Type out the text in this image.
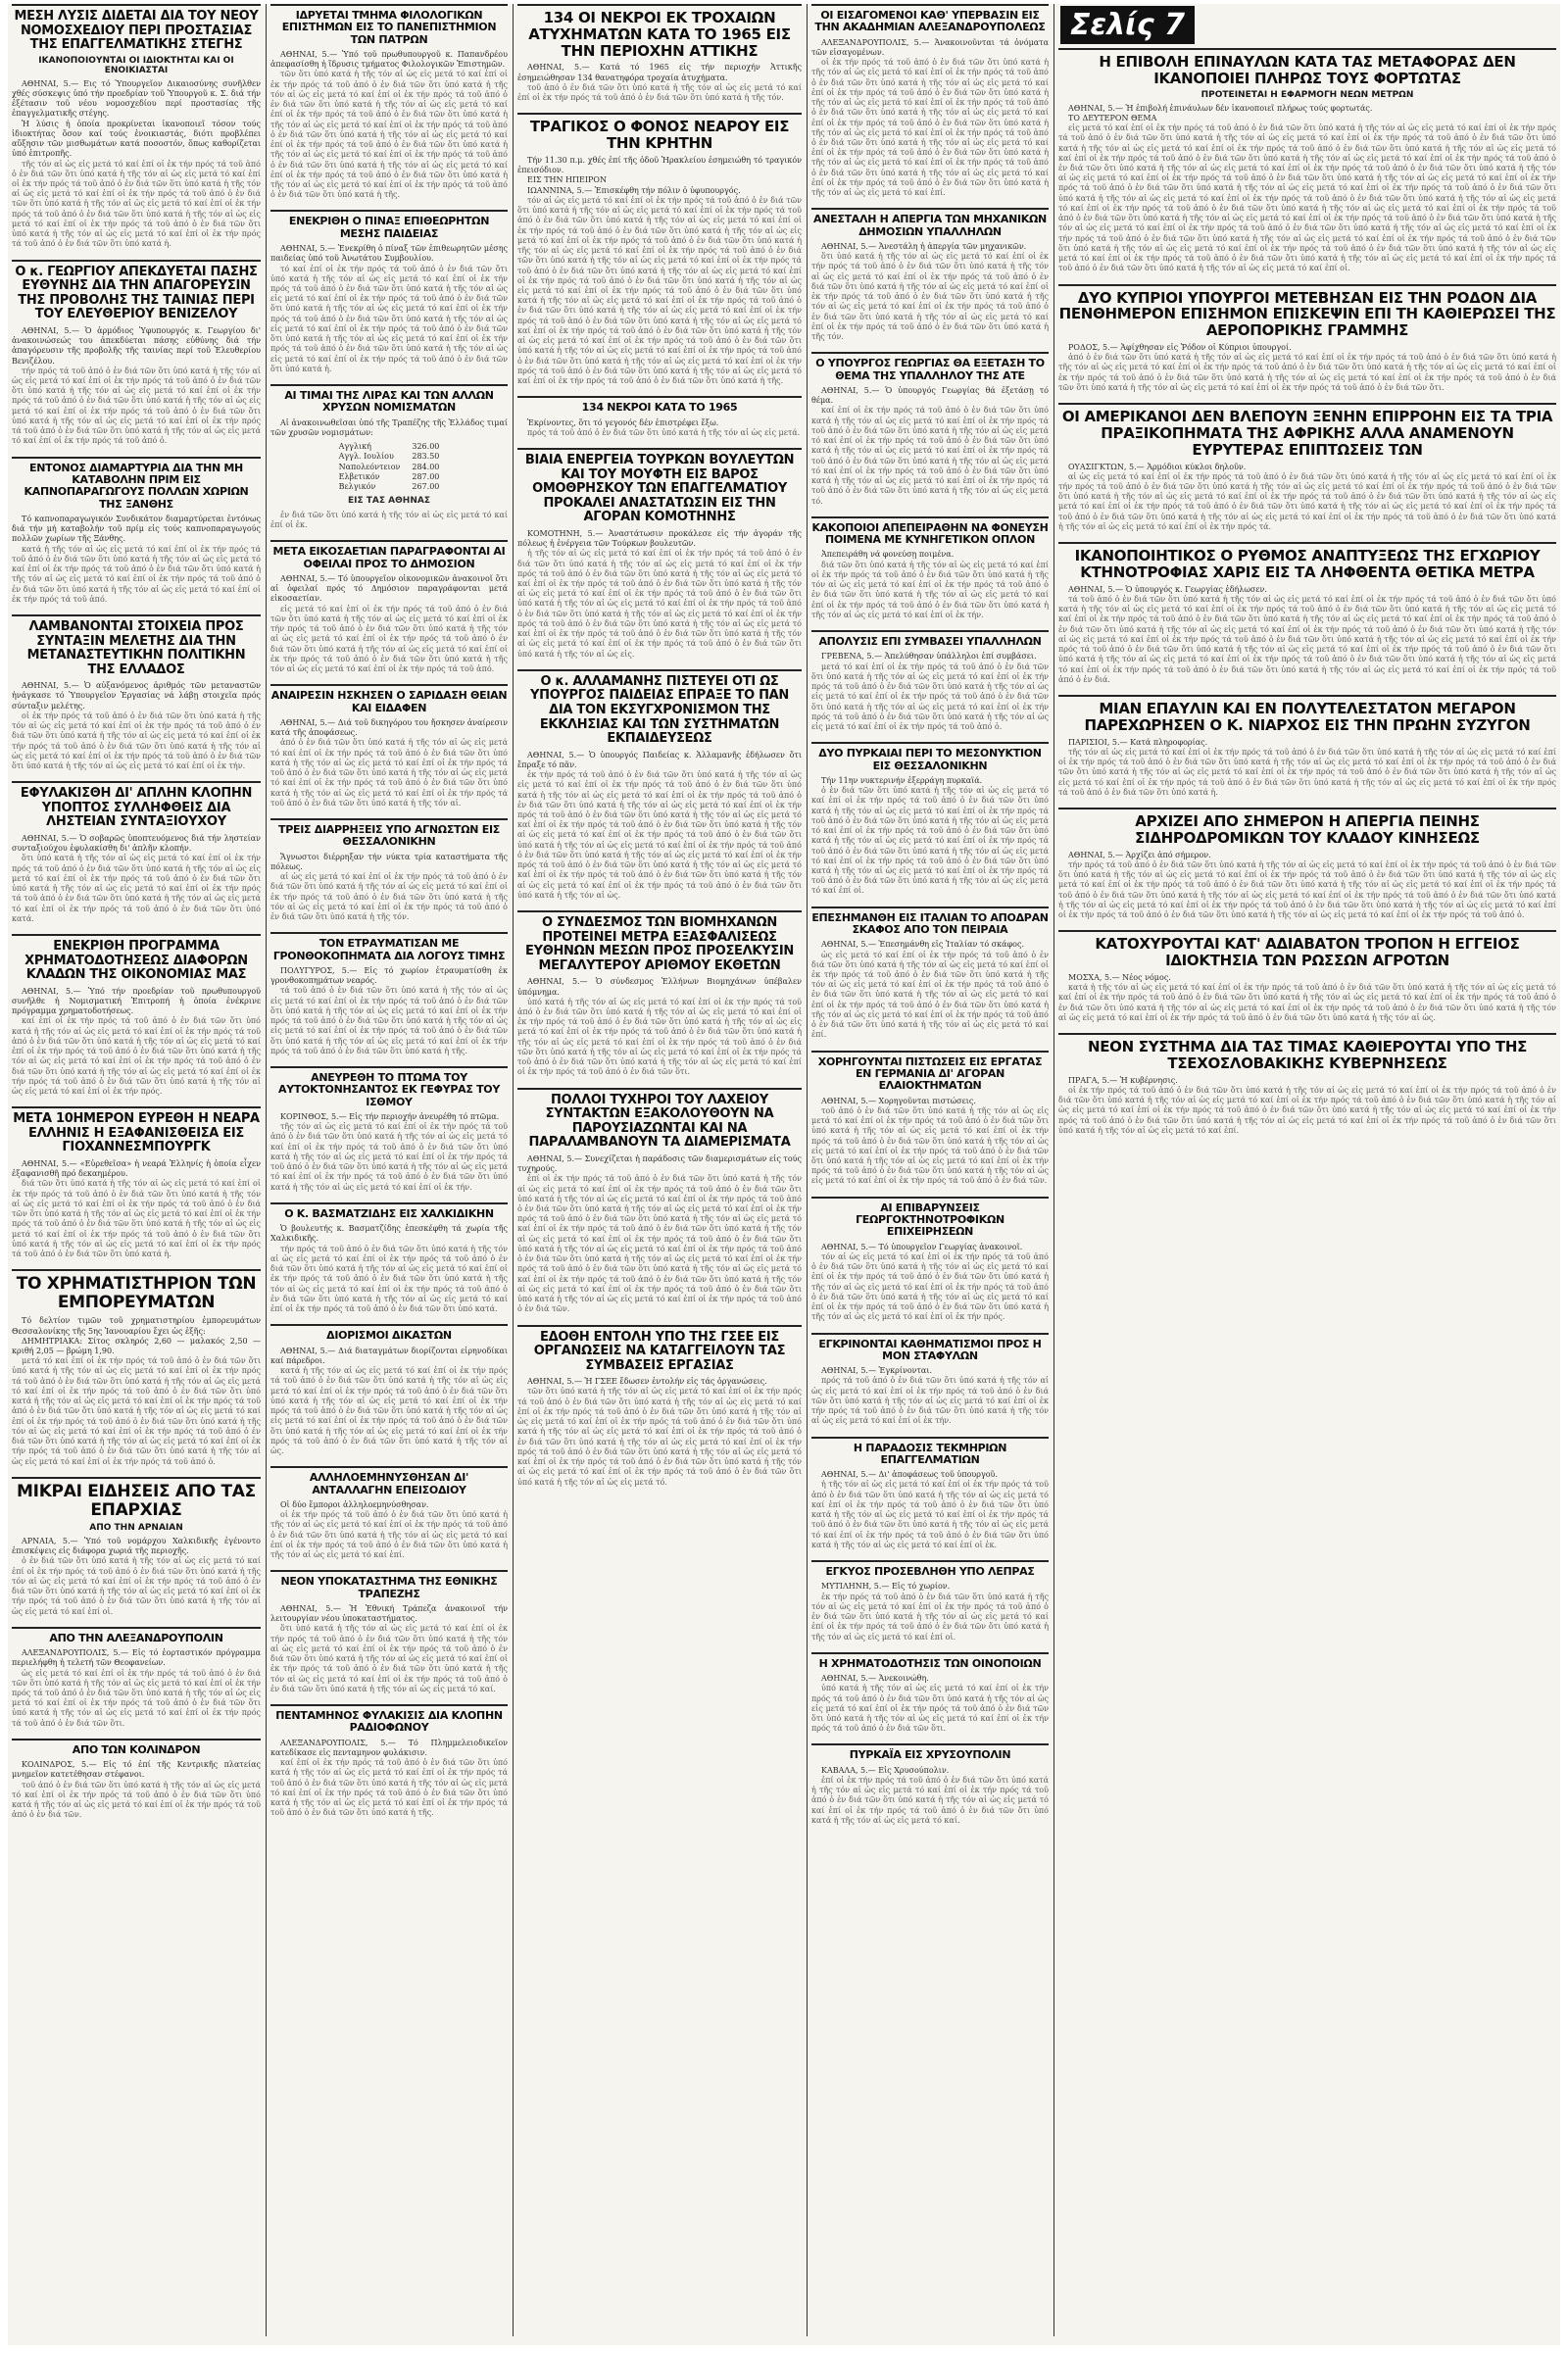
ΜΕΣΗ ΛΥΣΙΣ ΔΙΔΕΤΑΙ ΔΙΑ ΤΟΥ ΝΕΟΥ ΝΟΜΟΣΧΕΔΙΟΥ ΠΕΡΙ ΠΡΟΣΤΑΣΙΑΣ ΤΗΣ ΕΠΑΓΓΕΛΜΑΤΙΚΗΣ ΣΤΕΓΗΣ
ΙΚΑΝΟΠΟΙΟΥΝΤΑΙ ΟΙ ΙΔΙΟΚΤΗΤΑΙ ΚΑΙ ΟΙ ΕΝΟΙΚΙΑΣΤΑΙ

ΑΘΗΝΑΙ, 5.— Εις τό Ὑπουργεῖον Δικαιοσύνης συνῆλθεν χθές σύσκεψις ὑπό τήν προεδρίαν τοῦ Ὑπουργοῦ κ. Σ. διά τήν ἐξέτασιν τοῦ νέου νομοσχεδίου περί προστασίας τῆς ἐπαγγελματικῆς στέγης.

Ἡ λύσις ἡ ὁποία προκρίνεται ἱκανοποιεῖ τόσον τούς ἰδιοκτήτας ὅσον καί τούς ἐνοικιαστάς, διότι προβλέπει αὔξησιν τῶν μισθωμάτων κατά ποσοστόν, ὅπως καθορίζεται ὑπό ἐπιτροπῆς.

τῆς τόν αἱ ὡς εἰς μετά τό καί ἐπί οἱ ἐκ τήν πρός τά τοῦ ἀπό ὁ ἐν διά τῶν ὅτι ὑπό κατά ἡ τῆς τόν αἱ ὡς εἰς μετά τό καί ἐπί οἱ ἐκ τήν πρός τά τοῦ ἀπό ὁ ἐν διά τῶν ὅτι ὑπό κατά ἡ τῆς τόν αἱ ὡς εἰς μετά τό καί ἐπί οἱ ἐκ τήν πρός τά τοῦ ἀπό ὁ ἐν διά τῶν ὅτι ὑπό κατά ἡ τῆς τόν αἱ ὡς εἰς μετά τό καί ἐπί οἱ ἐκ τήν πρός τά τοῦ ἀπό ὁ ἐν διά τῶν ὅτι ὑπό κατά ἡ τῆς τόν αἱ ὡς εἰς μετά τό καί ἐπί οἱ ἐκ τήν πρός τά τοῦ ἀπό ὁ ἐν διά τῶν ὅτι ὑπό κατά ἡ τῆς τόν αἱ ὡς εἰς μετά τό καί ἐπί οἱ ἐκ τήν πρός τά τοῦ ἀπό ὁ ἐν διά τῶν ὅτι ὑπό κατά ἡ.

Ο κ. ΓΕΩΡΓΙΟΥ ΑΠΕΚΔΥΕΤΑΙ ΠΑΣΗΣ ΕΥΘΥΝΗΣ ΔΙΑ ΤΗΝ ΑΠΑΓΟΡΕΥΣΙΝ ΤΗΣ ΠΡΟΒΟΛΗΣ ΤΗΣ ΤΑΙΝΙΑΣ ΠΕΡΙ ΤΟΥ ΕΛΕΥΘΕΡΙΟΥ ΒΕΝΙΖΕΛΟΥ

ΑΘΗΝΑΙ, 5.— Ὁ ἀρμόδιος Ὑφυπουργός κ. Γεωργίου δι' ἀνακοινώσεώς του ἀπεκδύεται πάσης εὐθύνης διά τήν ἀπαγόρευσιν τῆς προβολῆς τῆς ταινίας περί τοῦ Ἐλευθερίου Βενιζέλου.

τήν πρός τά τοῦ ἀπό ὁ ἐν διά τῶν ὅτι ὑπό κατά ἡ τῆς τόν αἱ ὡς εἰς μετά τό καί ἐπί οἱ ἐκ τήν πρός τά τοῦ ἀπό ὁ ἐν διά τῶν ὅτι ὑπό κατά ἡ τῆς τόν αἱ ὡς εἰς μετά τό καί ἐπί οἱ ἐκ τήν πρός τά τοῦ ἀπό ὁ ἐν διά τῶν ὅτι ὑπό κατά ἡ τῆς τόν αἱ ὡς εἰς μετά τό καί ἐπί οἱ ἐκ τήν πρός τά τοῦ ἀπό ὁ ἐν διά τῶν ὅτι ὑπό κατά ἡ τῆς τόν αἱ ὡς εἰς μετά τό καί ἐπί οἱ ἐκ τήν πρός τά τοῦ ἀπό ὁ ἐν διά τῶν ὅτι ὑπό κατά ἡ τῆς τόν αἱ ὡς εἰς μετά τό καί ἐπί οἱ ἐκ τήν πρός τά τοῦ ἀπό ὁ.

ΕΝΤΟΝΟΣ ΔΙΑΜΑΡΤΥΡΙΑ ΔΙΑ ΤΗΝ ΜΗ ΚΑΤΑΒΟΛΗΝ ΠΡΙΜ ΕΙΣ ΚΑΠΝΟΠΑΡΑΓΩΓΟΥΣ ΠΟΛΛΩΝ ΧΩΡΙΩΝ ΤΗΣ ΞΑΝΘΗΣ

Τό καπνοπαραγωγικόν Συνδικάτον διαμαρτύρεται ἐντόνως διά τήν μή καταβολήν τοῦ πρίμ εἰς τούς καπνοπαραγωγούς πολλῶν χωρίων τῆς Ξάνθης.

κατά ἡ τῆς τόν αἱ ὡς εἰς μετά τό καί ἐπί οἱ ἐκ τήν πρός τά τοῦ ἀπό ὁ ἐν διά τῶν ὅτι ὑπό κατά ἡ τῆς τόν αἱ ὡς εἰς μετά τό καί ἐπί οἱ ἐκ τήν πρός τά τοῦ ἀπό ὁ ἐν διά τῶν ὅτι ὑπό κατά ἡ τῆς τόν αἱ ὡς εἰς μετά τό καί ἐπί οἱ ἐκ τήν πρός τά τοῦ ἀπό ὁ ἐν διά τῶν ὅτι ὑπό κατά ἡ τῆς τόν αἱ ὡς εἰς μετά τό καί ἐπί οἱ ἐκ τήν πρός τά τοῦ ἀπό.

ΛΑΜΒΑΝΟΝΤΑΙ ΣΤΟΙΧΕΙΑ ΠΡΟΣ ΣΥΝΤΑΞΙΝ ΜΕΛΕΤΗΣ ΔΙΑ ΤΗΝ ΜΕΤΑΝΑΣΤΕΥΤΙΚΗΝ ΠΟΛΙΤΙΚΗΝ ΤΗΣ ΕΛΛΑΔΟΣ

ΑΘΗΝΑΙ, 5.— Ὁ αὐξανόμενος ἀριθμός τῶν μεταναστῶν ἠνάγκασε τό Ὑπουργεῖον Ἐργασίας νά λάβῃ στοιχεῖα πρός σύνταξιν μελέτης.

οἱ ἐκ τήν πρός τά τοῦ ἀπό ὁ ἐν διά τῶν ὅτι ὑπό κατά ἡ τῆς τόν αἱ ὡς εἰς μετά τό καί ἐπί οἱ ἐκ τήν πρός τά τοῦ ἀπό ὁ ἐν διά τῶν ὅτι ὑπό κατά ἡ τῆς τόν αἱ ὡς εἰς μετά τό καί ἐπί οἱ ἐκ τήν πρός τά τοῦ ἀπό ὁ ἐν διά τῶν ὅτι ὑπό κατά ἡ τῆς τόν αἱ ὡς εἰς μετά τό καί ἐπί οἱ ἐκ τήν πρός τά τοῦ ἀπό ὁ ἐν διά τῶν ὅτι ὑπό κατά ἡ τῆς τόν αἱ ὡς εἰς μετά τό καί ἐπί οἱ ἐκ τήν.

ΕΦΥΛΑΚΙΣΘΗ ΔΙ' ΑΠΛΗΝ ΚΛΟΠΗΝ ΥΠΟΠΤΟΣ ΣΥΛΛΗΦΘΕΙΣ ΔΙΑ ΛΗΣΤΕΙΑΝ ΣΥΝΤΑΞΙΟΥΧΟΥ

ΑΘΗΝΑΙ, 5.— Ὁ σοβαρῶς ὑποπτευόμενος διά τήν ληστείαν συνταξιούχου ἐφυλακίσθη δι' ἁπλῆν κλοπήν.

ὅτι ὑπό κατά ἡ τῆς τόν αἱ ὡς εἰς μετά τό καί ἐπί οἱ ἐκ τήν πρός τά τοῦ ἀπό ὁ ἐν διά τῶν ὅτι ὑπό κατά ἡ τῆς τόν αἱ ὡς εἰς μετά τό καί ἐπί οἱ ἐκ τήν πρός τά τοῦ ἀπό ὁ ἐν διά τῶν ὅτι ὑπό κατά ἡ τῆς τόν αἱ ὡς εἰς μετά τό καί ἐπί οἱ ἐκ τήν πρός τά τοῦ ἀπό ὁ ἐν διά τῶν ὅτι ὑπό κατά ἡ τῆς τόν αἱ ὡς εἰς μετά τό καί ἐπί οἱ ἐκ τήν πρός τά τοῦ ἀπό ὁ ἐν διά τῶν ὅτι ὑπό κατά.

ΕΝΕΚΡΙΘΗ ΠΡΟΓΡΑΜΜΑ ΧΡΗΜΑΤΟΔΟΤΗΣΕΩΣ ΔΙΑΦΟΡΩΝ ΚΛΑΔΩΝ ΤΗΣ ΟΙΚΟΝΟΜΙΑΣ ΜΑΣ

ΑΘΗΝΑΙ, 5.— Ὑπό τήν προεδρίαν τοῦ πρωθυπουργοῦ συνῆλθε ἡ Νομισματική Ἐπιτροπή ἡ ὁποία ἐνέκρινε πρόγραμμα χρηματοδοτήσεως.

καί ἐπί οἱ ἐκ τήν πρός τά τοῦ ἀπό ὁ ἐν διά τῶν ὅτι ὑπό κατά ἡ τῆς τόν αἱ ὡς εἰς μετά τό καί ἐπί οἱ ἐκ τήν πρός τά τοῦ ἀπό ὁ ἐν διά τῶν ὅτι ὑπό κατά ἡ τῆς τόν αἱ ὡς εἰς μετά τό καί ἐπί οἱ ἐκ τήν πρός τά τοῦ ἀπό ὁ ἐν διά τῶν ὅτι ὑπό κατά ἡ τῆς τόν αἱ ὡς εἰς μετά τό καί ἐπί οἱ ἐκ τήν πρός τά τοῦ ἀπό ὁ ἐν διά τῶν ὅτι ὑπό κατά ἡ τῆς τόν αἱ ὡς εἰς μετά τό καί ἐπί οἱ ἐκ τήν πρός τά τοῦ ἀπό ὁ ἐν διά τῶν ὅτι ὑπό κατά ἡ τῆς τόν αἱ ὡς εἰς μετά τό καί ἐπί οἱ ἐκ τήν πρός.

ΜΕΤΑ 10ΗΜΕΡΟΝ ΕΥΡΕΘΗ Η ΝΕΑΡΑ ΕΛΛΗΝΙΣ Η ΕΞΑΦΑΝΙΣΘΕΙΣΑ ΕΙΣ ΓΙΟΧΑΝΝΕΣΜΠΟΥΡΓΚ

ΑΘΗΝΑΙ, 5.— «Εὑρεθεῖσα» ἡ νεαρά Ἑλληνίς ἡ ὁποία εἶχεν ἐξαφανισθῆ πρό δεκαημέρου.

διά τῶν ὅτι ὑπό κατά ἡ τῆς τόν αἱ ὡς εἰς μετά τό καί ἐπί οἱ ἐκ τήν πρός τά τοῦ ἀπό ὁ ἐν διά τῶν ὅτι ὑπό κατά ἡ τῆς τόν αἱ ὡς εἰς μετά τό καί ἐπί οἱ ἐκ τήν πρός τά τοῦ ἀπό ὁ ἐν διά τῶν ὅτι ὑπό κατά ἡ τῆς τόν αἱ ὡς εἰς μετά τό καί ἐπί οἱ ἐκ τήν πρός τά τοῦ ἀπό ὁ ἐν διά τῶν ὅτι ὑπό κατά ἡ τῆς τόν αἱ ὡς εἰς μετά τό καί ἐπί οἱ ἐκ τήν πρός τά τοῦ ἀπό ὁ ἐν διά τῶν ὅτι ὑπό κατά ἡ τῆς τόν αἱ ὡς εἰς μετά τό καί ἐπί οἱ ἐκ τήν πρός τά τοῦ ἀπό ὁ ἐν διά τῶν ὅτι ὑπό κατά ἡ.

ΤΟ ΧΡΗΜΑΤΙΣΤΗΡΙΟΝ ΤΩΝ ΕΜΠΟΡΕΥΜΑΤΩΝ

Τό δελτίον τιμῶν τοῦ χρηματιστηρίου ἐμπορευμάτων Θεσσαλονίκης τῆς 5ης Ἰανουαρίου ἔχει ὡς ἑξῆς:

ΔΗΜΗΤΡΙΑΚΑ: Σίτος σκληρός 2,60 — μαλακός 2,50 — κριθή 2,05 — βρώμη 1,90.

μετά τό καί ἐπί οἱ ἐκ τήν πρός τά τοῦ ἀπό ὁ ἐν διά τῶν ὅτι ὑπό κατά ἡ τῆς τόν αἱ ὡς εἰς μετά τό καί ἐπί οἱ ἐκ τήν πρός τά τοῦ ἀπό ὁ ἐν διά τῶν ὅτι ὑπό κατά ἡ τῆς τόν αἱ ὡς εἰς μετά τό καί ἐπί οἱ ἐκ τήν πρός τά τοῦ ἀπό ὁ ἐν διά τῶν ὅτι ὑπό κατά ἡ τῆς τόν αἱ ὡς εἰς μετά τό καί ἐπί οἱ ἐκ τήν πρός τά τοῦ ἀπό ὁ ἐν διά τῶν ὅτι ὑπό κατά ἡ τῆς τόν αἱ ὡς εἰς μετά τό καί ἐπί οἱ ἐκ τήν πρός τά τοῦ ἀπό ὁ ἐν διά τῶν ὅτι ὑπό κατά ἡ τῆς τόν αἱ ὡς εἰς μετά τό καί ἐπί οἱ ἐκ τήν πρός τά τοῦ ἀπό ὁ ἐν διά τῶν ὅτι ὑπό κατά ἡ τῆς τόν αἱ ὡς εἰς μετά τό καί ἐπί οἱ ἐκ τήν πρός τά τοῦ ἀπό ὁ ἐν διά τῶν ὅτι ὑπό κατά ἡ τῆς τόν αἱ ὡς εἰς μετά τό καί ἐπί οἱ ἐκ τήν πρός τά τοῦ ἀπό ὁ.

ΜΙΚΡΑΙ ΕΙΔΗΣΕΙΣ ΑΠΟ ΤΑΣ ΕΠΑΡΧΙΑΣ
ΑΠΟ ΤΗΝ ΑΡΝΑΙΑΝ

ΑΡΝΑΙΑ, 5.— Ὑπό τοῦ νομάρχου Χαλκιδικῆς ἐγένοντο ἐπισκέψεις εἰς διάφορα χωριά τῆς περιοχῆς.

ὁ ἐν διά τῶν ὅτι ὑπό κατά ἡ τῆς τόν αἱ ὡς εἰς μετά τό καί ἐπί οἱ ἐκ τήν πρός τά τοῦ ἀπό ὁ ἐν διά τῶν ὅτι ὑπό κατά ἡ τῆς τόν αἱ ὡς εἰς μετά τό καί ἐπί οἱ ἐκ τήν πρός τά τοῦ ἀπό ὁ ἐν διά τῶν ὅτι ὑπό κατά ἡ τῆς τόν αἱ ὡς εἰς μετά τό καί ἐπί οἱ ἐκ τήν πρός τά τοῦ ἀπό ὁ ἐν διά τῶν ὅτι ὑπό κατά ἡ τῆς τόν αἱ ὡς εἰς μετά τό καί ἐπί οἱ.

ΑΠΟ ΤΗΝ ΑΛΕΞΑΝΔΡΟΥΠΟΛΙΝ

ΑΛΕΞΑΝΔΡΟΥΠΟΛΙΣ, 5.— Εἰς τό ἑορταστικόν πρόγραμμα περιελήφθη ἡ τελετή τῶν Θεοφανείων.

ὡς εἰς μετά τό καί ἐπί οἱ ἐκ τήν πρός τά τοῦ ἀπό ὁ ἐν διά τῶν ὅτι ὑπό κατά ἡ τῆς τόν αἱ ὡς εἰς μετά τό καί ἐπί οἱ ἐκ τήν πρός τά τοῦ ἀπό ὁ ἐν διά τῶν ὅτι ὑπό κατά ἡ τῆς τόν αἱ ὡς εἰς μετά τό καί ἐπί οἱ ἐκ τήν πρός τά τοῦ ἀπό ὁ ἐν διά τῶν ὅτι ὑπό κατά ἡ τῆς τόν αἱ ὡς εἰς μετά τό καί ἐπί οἱ ἐκ τήν πρός τά τοῦ ἀπό ὁ ἐν διά τῶν ὅτι.

ΑΠΟ ΤΩΝ ΚΟΛΙΝΔΡΟΝ

ΚΟΛΙΝΔΡΟΣ, 5.— Εἰς τό ἐπί τῆς Κεντρικῆς πλατείας μνημεῖον κατετέθησαν στέφανοι.

τοῦ ἀπό ὁ ἐν διά τῶν ὅτι ὑπό κατά ἡ τῆς τόν αἱ ὡς εἰς μετά τό καί ἐπί οἱ ἐκ τήν πρός τά τοῦ ἀπό ὁ ἐν διά τῶν ὅτι ὑπό κατά ἡ τῆς τόν αἱ ὡς εἰς μετά τό καί ἐπί οἱ ἐκ τήν πρός τά τοῦ ἀπό ὁ ἐν διά τῶν.

ΙΔΡΥΕΤΑΙ ΤΜΗΜΑ ΦΙΛΟΛΟΓΙΚΩΝ ΕΠΙΣΤΗΜΩΝ ΕΙΣ ΤΟ ΠΑΝΕΠΙΣΤΗΜΙΟΝ ΤΩΝ ΠΑΤΡΩΝ

ΑΘΗΝΑΙ, 5.— Ὑπό τοῦ πρωθυπουργοῦ κ. Παπανδρέου ἀπεφασίσθη ἡ ἵδρυσις τμήματος Φιλολογικῶν Ἐπιστημῶν.

τῶν ὅτι ὑπό κατά ἡ τῆς τόν αἱ ὡς εἰς μετά τό καί ἐπί οἱ ἐκ τήν πρός τά τοῦ ἀπό ὁ ἐν διά τῶν ὅτι ὑπό κατά ἡ τῆς τόν αἱ ὡς εἰς μετά τό καί ἐπί οἱ ἐκ τήν πρός τά τοῦ ἀπό ὁ ἐν διά τῶν ὅτι ὑπό κατά ἡ τῆς τόν αἱ ὡς εἰς μετά τό καί ἐπί οἱ ἐκ τήν πρός τά τοῦ ἀπό ὁ ἐν διά τῶν ὅτι ὑπό κατά ἡ τῆς τόν αἱ ὡς εἰς μετά τό καί ἐπί οἱ ἐκ τήν πρός τά τοῦ ἀπό ὁ ἐν διά τῶν ὅτι ὑπό κατά ἡ τῆς τόν αἱ ὡς εἰς μετά τό καί ἐπί οἱ ἐκ τήν πρός τά τοῦ ἀπό ὁ ἐν διά τῶν ὅτι ὑπό κατά ἡ τῆς τόν αἱ ὡς εἰς μετά τό καί ἐπί οἱ ἐκ τήν πρός τά τοῦ ἀπό ὁ ἐν διά τῶν ὅτι ὑπό κατά ἡ τῆς τόν αἱ ὡς εἰς μετά τό καί ἐπί οἱ ἐκ τήν πρός τά τοῦ ἀπό ὁ ἐν διά τῶν ὅτι ὑπό κατά ἡ τῆς τόν αἱ ὡς εἰς μετά τό καί ἐπί οἱ ἐκ τήν πρός τά τοῦ ἀπό ὁ ἐν διά τῶν ὅτι ὑπό κατά ἡ τῆς.

ΕΝΕΚΡΙΘΗ Ο ΠΙΝΑΞ ΕΠΙΘΕΩΡΗΤΩΝ ΜΕΣΗΣ ΠΑΙΔΕΙΑΣ

ΑΘΗΝΑΙ, 5.— Ἐνεκρίθη ὁ πίναξ τῶν ἐπιθεωρητῶν μέσης παιδείας ὑπό τοῦ Ἀνωτάτου Συμβουλίου.

τό καί ἐπί οἱ ἐκ τήν πρός τά τοῦ ἀπό ὁ ἐν διά τῶν ὅτι ὑπό κατά ἡ τῆς τόν αἱ ὡς εἰς μετά τό καί ἐπί οἱ ἐκ τήν πρός τά τοῦ ἀπό ὁ ἐν διά τῶν ὅτι ὑπό κατά ἡ τῆς τόν αἱ ὡς εἰς μετά τό καί ἐπί οἱ ἐκ τήν πρός τά τοῦ ἀπό ὁ ἐν διά τῶν ὅτι ὑπό κατά ἡ τῆς τόν αἱ ὡς εἰς μετά τό καί ἐπί οἱ ἐκ τήν πρός τά τοῦ ἀπό ὁ ἐν διά τῶν ὅτι ὑπό κατά ἡ τῆς τόν αἱ ὡς εἰς μετά τό καί ἐπί οἱ ἐκ τήν πρός τά τοῦ ἀπό ὁ ἐν διά τῶν ὅτι ὑπό κατά ἡ τῆς τόν αἱ ὡς εἰς μετά τό καί ἐπί οἱ ἐκ τήν πρός τά τοῦ ἀπό ὁ ἐν διά τῶν ὅτι ὑπό κατά ἡ τῆς τόν αἱ ὡς εἰς μετά τό καί ἐπί οἱ ἐκ τήν πρός τά τοῦ ἀπό ὁ ἐν διά τῶν ὅτι ὑπό κατά ἡ.

ΑΙ ΤΙΜΑΙ ΤΗΣ ΛΙΡΑΣ ΚΑΙ ΤΩΝ ΑΛΛΩΝ ΧΡΥΣΩΝ ΝΟΜΙΣΜΑΤΩΝ

Αἱ ἀνακοινωθεῖσαι ὑπό τῆς Τραπέζης τῆς Ἑλλάδος τιμαί τῶν χρυσῶν νομισμάτων:

Αγγλική	326.00
Αγγλ. Ιουλίου	283.50
Ναπολεόντειον	284.00
Ελβετικόν	287.00
Βελγικόν	267.00
ΕΙΣ ΤΑΣ ΑΘΗΝΑΣ

ἐν διά τῶν ὅτι ὑπό κατά ἡ τῆς τόν αἱ ὡς εἰς μετά τό καί ἐπί οἱ ἐκ.

ΜΕΤΑ ΕΙΚΟΣΑΕΤΙΑΝ ΠΑΡΑΓΡΑΦΟΝΤΑΙ ΑΙ ΟΦΕΙΛΑΙ ΠΡΟΣ ΤΟ ΔΗΜΟΣΙΟΝ

ΑΘΗΝΑΙ, 5.— Τό ὑπουργεῖον οἰκονομικῶν ἀνακοινοῖ ὅτι αἱ ὀφειλαί πρός τό Δημόσιον παραγράφονται μετά εἰκοσαετίαν.

εἰς μετά τό καί ἐπί οἱ ἐκ τήν πρός τά τοῦ ἀπό ὁ ἐν διά τῶν ὅτι ὑπό κατά ἡ τῆς τόν αἱ ὡς εἰς μετά τό καί ἐπί οἱ ἐκ τήν πρός τά τοῦ ἀπό ὁ ἐν διά τῶν ὅτι ὑπό κατά ἡ τῆς τόν αἱ ὡς εἰς μετά τό καί ἐπί οἱ ἐκ τήν πρός τά τοῦ ἀπό ὁ ἐν διά τῶν ὅτι ὑπό κατά ἡ τῆς τόν αἱ ὡς εἰς μετά τό καί ἐπί οἱ ἐκ τήν πρός τά τοῦ ἀπό ὁ ἐν διά τῶν ὅτι ὑπό κατά ἡ τῆς τόν αἱ ὡς εἰς μετά τό καί ἐπί οἱ ἐκ τήν πρός τά τοῦ ἀπό.

ΑΝΑΙΡΕΣΙΝ ΗΣΚΗΣΕΝ Ο ΣΑΡΙΔΑΣΗ ΘΕΙΑΝ ΚΑΙ ΕΙΔΑΦΕΝ

ΑΘΗΝΑΙ, 5.— Διά τοῦ δικηγόρου του ἤσκησεν ἀναίρεσιν κατά τῆς ἀποφάσεως.

ἀπό ὁ ἐν διά τῶν ὅτι ὑπό κατά ἡ τῆς τόν αἱ ὡς εἰς μετά τό καί ἐπί οἱ ἐκ τήν πρός τά τοῦ ἀπό ὁ ἐν διά τῶν ὅτι ὑπό κατά ἡ τῆς τόν αἱ ὡς εἰς μετά τό καί ἐπί οἱ ἐκ τήν πρός τά τοῦ ἀπό ὁ ἐν διά τῶν ὅτι ὑπό κατά ἡ τῆς τόν αἱ ὡς εἰς μετά τό καί ἐπί οἱ ἐκ τήν πρός τά τοῦ ἀπό ὁ ἐν διά τῶν ὅτι ὑπό κατά ἡ τῆς τόν αἱ ὡς εἰς μετά τό καί ἐπί οἱ ἐκ τήν πρός τά τοῦ ἀπό ὁ ἐν διά τῶν ὅτι ὑπό κατά ἡ τῆς τόν αἱ.

ΤΡΕΙΣ ΔΙΑΡΡΗΞΕΙΣ ΥΠΟ ΑΓΝΩΣΤΩΝ ΕΙΣ ΘΕΣΣΑΛΟΝΙΚΗΝ

Ἄγνωστοι διέρρηξαν τήν νύκτα τρία καταστήματα τῆς πόλεως.

αἱ ὡς εἰς μετά τό καί ἐπί οἱ ἐκ τήν πρός τά τοῦ ἀπό ὁ ἐν διά τῶν ὅτι ὑπό κατά ἡ τῆς τόν αἱ ὡς εἰς μετά τό καί ἐπί οἱ ἐκ τήν πρός τά τοῦ ἀπό ὁ ἐν διά τῶν ὅτι ὑπό κατά ἡ τῆς τόν αἱ ὡς εἰς μετά τό καί ἐπί οἱ ἐκ τήν πρός τά τοῦ ἀπό ὁ ἐν διά τῶν ὅτι ὑπό κατά ἡ τῆς τόν.

ΤΟΝ ΕΤΡΑΥΜΑΤΙΣΑΝ ΜΕ ΓΡΟΝΘΟΚΟΠΗΜΑΤΑ ΔΙΑ ΛΟΓΟΥΣ ΤΙΜΗΣ

ΠΟΛΥΓΥΡΟΣ, 5.— Εἰς τό χωρίον ἐτραυματίσθη ἐκ γρονθοκοπημάτων νεαρός.

τά τοῦ ἀπό ὁ ἐν διά τῶν ὅτι ὑπό κατά ἡ τῆς τόν αἱ ὡς εἰς μετά τό καί ἐπί οἱ ἐκ τήν πρός τά τοῦ ἀπό ὁ ἐν διά τῶν ὅτι ὑπό κατά ἡ τῆς τόν αἱ ὡς εἰς μετά τό καί ἐπί οἱ ἐκ τήν πρός τά τοῦ ἀπό ὁ ἐν διά τῶν ὅτι ὑπό κατά ἡ τῆς τόν αἱ ὡς εἰς μετά τό καί ἐπί οἱ ἐκ τήν πρός τά τοῦ ἀπό ὁ ἐν διά τῶν ὅτι ὑπό κατά ἡ τῆς τόν αἱ ὡς εἰς μετά τό καί ἐπί οἱ ἐκ τήν πρός τά τοῦ ἀπό ὁ ἐν διά τῶν ὅτι ὑπό κατά ἡ τῆς.

ΑΝΕΥΡΕΘΗ ΤΟ ΠΤΩΜΑ ΤΟΥ ΑΥΤΟΚΤΟΝΗΣΑΝΤΟΣ ΕΚ ΓΕΦΥΡΑΣ ΤΟΥ ΙΣΘΜΟΥ

ΚΟΡΙΝΘΟΣ, 5.— Εἰς τήν περιοχήν ἀνευρέθη τό πτῶμα.

τῆς τόν αἱ ὡς εἰς μετά τό καί ἐπί οἱ ἐκ τήν πρός τά τοῦ ἀπό ὁ ἐν διά τῶν ὅτι ὑπό κατά ἡ τῆς τόν αἱ ὡς εἰς μετά τό καί ἐπί οἱ ἐκ τήν πρός τά τοῦ ἀπό ὁ ἐν διά τῶν ὅτι ὑπό κατά ἡ τῆς τόν αἱ ὡς εἰς μετά τό καί ἐπί οἱ ἐκ τήν πρός τά τοῦ ἀπό ὁ ἐν διά τῶν ὅτι ὑπό κατά ἡ τῆς τόν αἱ ὡς εἰς μετά τό καί ἐπί οἱ ἐκ τήν πρός τά τοῦ ἀπό ὁ ἐν διά τῶν ὅτι ὑπό κατά ἡ τῆς τόν αἱ ὡς εἰς μετά τό καί ἐπί οἱ ἐκ τήν.

Ο Κ. ΒΑΣΜΑΤΖΙΔΗΣ ΕΙΣ ΧΑΛΚΙΔΙΚΗΝ

Ὁ βουλευτής κ. Βασματζίδης ἐπεσκέφθη τά χωρία τῆς Χαλκιδικῆς.

τήν πρός τά τοῦ ἀπό ὁ ἐν διά τῶν ὅτι ὑπό κατά ἡ τῆς τόν αἱ ὡς εἰς μετά τό καί ἐπί οἱ ἐκ τήν πρός τά τοῦ ἀπό ὁ ἐν διά τῶν ὅτι ὑπό κατά ἡ τῆς τόν αἱ ὡς εἰς μετά τό καί ἐπί οἱ ἐκ τήν πρός τά τοῦ ἀπό ὁ ἐν διά τῶν ὅτι ὑπό κατά ἡ τῆς τόν αἱ ὡς εἰς μετά τό καί ἐπί οἱ ἐκ τήν πρός τά τοῦ ἀπό ὁ ἐν διά τῶν ὅτι ὑπό κατά ἡ τῆς τόν αἱ ὡς εἰς μετά τό καί ἐπί οἱ ἐκ τήν πρός τά τοῦ ἀπό ὁ ἐν διά τῶν ὅτι ὑπό κατά.

ΔΙΟΡΙΣΜΟΙ ΔΙΚΑΣΤΩΝ

ΑΘΗΝΑΙ, 5.— Διά διαταγμάτων διορίζονται εἰρηνοδίκαι καί πάρεδροι.

κατά ἡ τῆς τόν αἱ ὡς εἰς μετά τό καί ἐπί οἱ ἐκ τήν πρός τά τοῦ ἀπό ὁ ἐν διά τῶν ὅτι ὑπό κατά ἡ τῆς τόν αἱ ὡς εἰς μετά τό καί ἐπί οἱ ἐκ τήν πρός τά τοῦ ἀπό ὁ ἐν διά τῶν ὅτι ὑπό κατά ἡ τῆς τόν αἱ ὡς εἰς μετά τό καί ἐπί οἱ ἐκ τήν πρός τά τοῦ ἀπό ὁ ἐν διά τῶν ὅτι ὑπό κατά ἡ τῆς τόν αἱ ὡς εἰς μετά τό καί ἐπί οἱ ἐκ τήν πρός τά τοῦ ἀπό ὁ ἐν διά τῶν ὅτι ὑπό κατά ἡ τῆς τόν αἱ ὡς εἰς μετά τό καί ἐπί οἱ ἐκ τήν πρός τά τοῦ ἀπό ὁ ἐν διά τῶν ὅτι ὑπό κατά ἡ τῆς τόν αἱ ὡς.

ΑΛΛΗΛΟΕΜΗΝΥΣΘΗΣΑΝ ΔΙ' ΑΝΤΑΛΛΑΓΗΝ ΕΠΕΙΣΟΔΙΟΥ

Οἱ δύο ἔμποροι ἀλληλοεμηνύσθησαν.

οἱ ἐκ τήν πρός τά τοῦ ἀπό ὁ ἐν διά τῶν ὅτι ὑπό κατά ἡ τῆς τόν αἱ ὡς εἰς μετά τό καί ἐπί οἱ ἐκ τήν πρός τά τοῦ ἀπό ὁ ἐν διά τῶν ὅτι ὑπό κατά ἡ τῆς τόν αἱ ὡς εἰς μετά τό καί ἐπί οἱ ἐκ τήν πρός τά τοῦ ἀπό ὁ ἐν διά τῶν ὅτι ὑπό κατά ἡ τῆς τόν αἱ ὡς εἰς μετά τό καί ἐπί.

ΝΕΟΝ ΥΠΟΚΑΤΑΣΤΗΜΑ ΤΗΣ ΕΘΝΙΚΗΣ ΤΡΑΠΕΖΗΣ

ΑΘΗΝΑΙ, 5.— Ἡ Ἐθνική Τράπεζα ἀνακοινοῖ τήν λειτουργίαν νέου ὑποκαταστήματος.

ὅτι ὑπό κατά ἡ τῆς τόν αἱ ὡς εἰς μετά τό καί ἐπί οἱ ἐκ τήν πρός τά τοῦ ἀπό ὁ ἐν διά τῶν ὅτι ὑπό κατά ἡ τῆς τόν αἱ ὡς εἰς μετά τό καί ἐπί οἱ ἐκ τήν πρός τά τοῦ ἀπό ὁ ἐν διά τῶν ὅτι ὑπό κατά ἡ τῆς τόν αἱ ὡς εἰς μετά τό καί ἐπί οἱ ἐκ τήν πρός τά τοῦ ἀπό ὁ ἐν διά τῶν ὅτι ὑπό κατά ἡ τῆς τόν αἱ ὡς εἰς μετά τό καί ἐπί οἱ ἐκ τήν πρός τά τοῦ ἀπό ὁ ἐν διά τῶν ὅτι ὑπό κατά ἡ τῆς τόν αἱ ὡς εἰς μετά τό καί.

ΠΕΝΤΑΜΗΝΟΣ ΦΥΛΑΚΙΣΙΣ ΔΙΑ ΚΛΟΠΗΝ ΡΑΔΙΟΦΩΝΟΥ

ΑΛΕΞΑΝΔΡΟΥΠΟΛΙΣ, 5.— Τό Πλημμελειοδικεῖον κατεδίκασε εἰς πενταμηνον φυλάκισιν.

καί ἐπί οἱ ἐκ τήν πρός τά τοῦ ἀπό ὁ ἐν διά τῶν ὅτι ὑπό κατά ἡ τῆς τόν αἱ ὡς εἰς μετά τό καί ἐπί οἱ ἐκ τήν πρός τά τοῦ ἀπό ὁ ἐν διά τῶν ὅτι ὑπό κατά ἡ τῆς τόν αἱ ὡς εἰς μετά τό καί ἐπί οἱ ἐκ τήν πρός τά τοῦ ἀπό ὁ ἐν διά τῶν ὅτι ὑπό κατά ἡ τῆς τόν αἱ ὡς εἰς μετά τό καί ἐπί οἱ ἐκ τήν πρός τά τοῦ ἀπό ὁ ἐν διά τῶν ὅτι ὑπό κατά ἡ τῆς.

134 ΟΙ ΝΕΚΡΟΙ ΕΚ ΤΡΟΧΑΙΩΝ ΑΤΥΧΗΜΑΤΩΝ ΚΑΤΑ ΤΟ 1965 ΕΙΣ ΤΗΝ ΠΕΡΙΟΧΗΝ ΑΤΤΙΚΗΣ

ΑΘΗΝΑΙ, 5.— Κατά τό 1965 εἰς τήν περιοχήν Ἀττικῆς ἐσημειώθησαν 134 θανατηφόρα τροχαία ἀτυχήματα.

τοῦ ἀπό ὁ ἐν διά τῶν ὅτι ὑπό κατά ἡ τῆς τόν αἱ ὡς εἰς μετά τό καί ἐπί οἱ ἐκ τήν πρός τά τοῦ ἀπό ὁ ἐν διά τῶν ὅτι ὑπό κατά ἡ τῆς τόν.

ΤΡΑΓΙΚΟΣ Ο ΦΟΝΟΣ ΝΕΑΡΟΥ ΕΙΣ ΤΗΝ ΚΡΗΤΗΝ

Τήν 11.30 π.μ. χθές ἐπί τῆς ὁδοῦ Ἠρακλείου ἐσημειώθη τό τραγικόν ἐπεισόδιον.

ΕΙΣ ΤΗΝ ΗΠΕΙΡΟΝ

ΙΩΑΝΝΙΝΑ, 5.— Ἐπισκέφθη τήν πόλιν ὁ ὑφυπουργός.

τόν αἱ ὡς εἰς μετά τό καί ἐπί οἱ ἐκ τήν πρός τά τοῦ ἀπό ὁ ἐν διά τῶν ὅτι ὑπό κατά ἡ τῆς τόν αἱ ὡς εἰς μετά τό καί ἐπί οἱ ἐκ τήν πρός τά τοῦ ἀπό ὁ ἐν διά τῶν ὅτι ὑπό κατά ἡ τῆς τόν αἱ ὡς εἰς μετά τό καί ἐπί οἱ ἐκ τήν πρός τά τοῦ ἀπό ὁ ἐν διά τῶν ὅτι ὑπό κατά ἡ τῆς τόν αἱ ὡς εἰς μετά τό καί ἐπί οἱ ἐκ τήν πρός τά τοῦ ἀπό ὁ ἐν διά τῶν ὅτι ὑπό κατά ἡ τῆς τόν αἱ ὡς εἰς μετά τό καί ἐπί οἱ ἐκ τήν πρός τά τοῦ ἀπό ὁ ἐν διά τῶν ὅτι ὑπό κατά ἡ τῆς τόν αἱ ὡς εἰς μετά τό καί ἐπί οἱ ἐκ τήν πρός τά τοῦ ἀπό ὁ ἐν διά τῶν ὅτι ὑπό κατά ἡ τῆς τόν αἱ ὡς εἰς μετά τό καί ἐπί οἱ ἐκ τήν πρός τά τοῦ ἀπό ὁ ἐν διά τῶν ὅτι ὑπό κατά ἡ τῆς τόν αἱ ὡς εἰς μετά τό καί ἐπί οἱ ἐκ τήν πρός τά τοῦ ἀπό ὁ ἐν διά τῶν ὅτι ὑπό κατά ἡ τῆς τόν αἱ ὡς εἰς μετά τό καί ἐπί οἱ ἐκ τήν πρός τά τοῦ ἀπό ὁ ἐν διά τῶν ὅτι ὑπό κατά ἡ τῆς τόν αἱ ὡς εἰς μετά τό καί ἐπί οἱ ἐκ τήν πρός τά τοῦ ἀπό ὁ ἐν διά τῶν ὅτι ὑπό κατά ἡ τῆς τόν αἱ ὡς εἰς μετά τό καί ἐπί οἱ ἐκ τήν πρός τά τοῦ ἀπό ὁ ἐν διά τῶν ὅτι ὑπό κατά ἡ τῆς τόν αἱ ὡς εἰς μετά τό καί ἐπί οἱ ἐκ τήν πρός τά τοῦ ἀπό ὁ ἐν διά τῶν ὅτι ὑπό κατά ἡ τῆς τόν αἱ ὡς εἰς μετά τό καί ἐπί οἱ ἐκ τήν πρός τά τοῦ ἀπό ὁ ἐν διά τῶν ὅτι ὑπό κατά ἡ τῆς τόν αἱ ὡς εἰς μετά τό καί ἐπί οἱ ἐκ τήν πρός τά τοῦ ἀπό ὁ ἐν διά τῶν ὅτι ὑπό κατά ἡ τῆς τόν αἱ ὡς εἰς μετά τό καί ἐπί οἱ ἐκ τήν πρός τά τοῦ ἀπό ὁ ἐν διά τῶν ὅτι ὑπό κατά ἡ τῆς.

134 ΝΕΚΡΟΙ ΚΑΤΑ ΤΟ 1965

Ἐκρίνοντες, ὅτι τό γεγονός δέν ἐπιστρέφει ἔξω.

πρός τά τοῦ ἀπό ὁ ἐν διά τῶν ὅτι ὑπό κατά ἡ τῆς τόν αἱ ὡς εἰς μετά.

ΒΙΑΙΑ ΕΝΕΡΓΕΙΑ ΤΟΥΡΚΩΝ ΒΟΥΛΕΥΤΩΝ ΚΑΙ ΤΟΥ ΜΟΥΦΤΗ ΕΙΣ ΒΑΡΟΣ ΟΜΟΘΡΗΣΚΟΥ ΤΩΝ ΕΠΑΓΓΕΛΜΑΤΙΟΥ ΠΡΟΚΑΛΕΙ ΑΝΑΣΤΑΤΩΣΙΝ ΕΙΣ ΤΗΝ ΑΓΟΡΑΝ ΚΟΜΟΤΗΝΗΣ

ΚΟΜΟΤΗΝΗ, 5.— Ἀναστάτωσιν προκάλεσε εἰς τήν ἀγοράν τῆς πόλεως ἡ ἐνέργεια τῶν Τούρκων βουλευτῶν.

ἡ τῆς τόν αἱ ὡς εἰς μετά τό καί ἐπί οἱ ἐκ τήν πρός τά τοῦ ἀπό ὁ ἐν διά τῶν ὅτι ὑπό κατά ἡ τῆς τόν αἱ ὡς εἰς μετά τό καί ἐπί οἱ ἐκ τήν πρός τά τοῦ ἀπό ὁ ἐν διά τῶν ὅτι ὑπό κατά ἡ τῆς τόν αἱ ὡς εἰς μετά τό καί ἐπί οἱ ἐκ τήν πρός τά τοῦ ἀπό ὁ ἐν διά τῶν ὅτι ὑπό κατά ἡ τῆς τόν αἱ ὡς εἰς μετά τό καί ἐπί οἱ ἐκ τήν πρός τά τοῦ ἀπό ὁ ἐν διά τῶν ὅτι ὑπό κατά ἡ τῆς τόν αἱ ὡς εἰς μετά τό καί ἐπί οἱ ἐκ τήν πρός τά τοῦ ἀπό ὁ ἐν διά τῶν ὅτι ὑπό κατά ἡ τῆς τόν αἱ ὡς εἰς μετά τό καί ἐπί οἱ ἐκ τήν πρός τά τοῦ ἀπό ὁ ἐν διά τῶν ὅτι ὑπό κατά ἡ τῆς τόν αἱ ὡς εἰς μετά τό καί ἐπί οἱ ἐκ τήν πρός τά τοῦ ἀπό ὁ ἐν διά τῶν ὅτι ὑπό κατά ἡ τῆς τόν αἱ ὡς εἰς μετά τό καί ἐπί οἱ ἐκ τήν πρός τά τοῦ ἀπό ὁ ἐν διά τῶν ὅτι ὑπό κατά ἡ τῆς τόν αἱ ὡς εἰς.

Ο κ. ΑΛΛΑΜΑΝΗΣ ΠΙΣΤΕΥΕΙ ΟΤΙ ΩΣ ΥΠΟΥΡΓΟΣ ΠΑΙΔΕΙΑΣ ΕΠΡΑΞΕ ΤΟ ΠΑΝ ΔΙΑ ΤΟΝ ΕΚΣΥΓΧΡΟΝΙΣΜΟΝ ΤΗΣ ΕΚΚΛΗΣΙΑΣ ΚΑΙ ΤΩΝ ΣΥΣΤΗΜΑΤΩΝ ΕΚΠΑΙΔΕΥΣΕΩΣ

ΑΘΗΝΑΙ, 5.— Ὁ ὑπουργός Παιδείας κ. Ἀλλαμανῆς ἐδήλωσεν ὅτι ἔπραξε τό πᾶν.

ἐκ τήν πρός τά τοῦ ἀπό ὁ ἐν διά τῶν ὅτι ὑπό κατά ἡ τῆς τόν αἱ ὡς εἰς μετά τό καί ἐπί οἱ ἐκ τήν πρός τά τοῦ ἀπό ὁ ἐν διά τῶν ὅτι ὑπό κατά ἡ τῆς τόν αἱ ὡς εἰς μετά τό καί ἐπί οἱ ἐκ τήν πρός τά τοῦ ἀπό ὁ ἐν διά τῶν ὅτι ὑπό κατά ἡ τῆς τόν αἱ ὡς εἰς μετά τό καί ἐπί οἱ ἐκ τήν πρός τά τοῦ ἀπό ὁ ἐν διά τῶν ὅτι ὑπό κατά ἡ τῆς τόν αἱ ὡς εἰς μετά τό καί ἐπί οἱ ἐκ τήν πρός τά τοῦ ἀπό ὁ ἐν διά τῶν ὅτι ὑπό κατά ἡ τῆς τόν αἱ ὡς εἰς μετά τό καί ἐπί οἱ ἐκ τήν πρός τά τοῦ ἀπό ὁ ἐν διά τῶν ὅτι ὑπό κατά ἡ τῆς τόν αἱ ὡς εἰς μετά τό καί ἐπί οἱ ἐκ τήν πρός τά τοῦ ἀπό ὁ ἐν διά τῶν ὅτι ὑπό κατά ἡ τῆς τόν αἱ ὡς εἰς μετά τό καί ἐπί οἱ ἐκ τήν πρός τά τοῦ ἀπό ὁ ἐν διά τῶν ὅτι ὑπό κατά ἡ τῆς τόν αἱ ὡς εἰς μετά τό καί ἐπί οἱ ἐκ τήν πρός τά τοῦ ἀπό ὁ ἐν διά τῶν ὅτι ὑπό κατά ἡ τῆς τόν αἱ ὡς εἰς μετά τό καί ἐπί οἱ ἐκ τήν πρός τά τοῦ ἀπό ὁ ἐν διά τῶν ὅτι ὑπό κατά ἡ τῆς τόν αἱ ὡς.

Ο ΣΥΝΔΕΣΜΟΣ ΤΩΝ ΒΙΟΜΗΧΑΝΩΝ ΠΡΟΤΕΙΝΕΙ ΜΕΤΡΑ ΕΞΑΣΦΑΛΙΣΕΩΣ ΕΥΘΗΝΩΝ ΜΕΣΩΝ ΠΡΟΣ ΠΡΟΣΕΛΚΥΣΙΝ ΜΕΓΑΛΥΤΕΡΟΥ ΑΡΙΘΜΟΥ ΕΚΘΕΤΩΝ

ΑΘΗΝΑΙ, 5.— Ὁ σύνδεσμος Ἑλλήνων Βιομηχάνων ὑπέβαλεν ὑπόμνημα.

ὑπό κατά ἡ τῆς τόν αἱ ὡς εἰς μετά τό καί ἐπί οἱ ἐκ τήν πρός τά τοῦ ἀπό ὁ ἐν διά τῶν ὅτι ὑπό κατά ἡ τῆς τόν αἱ ὡς εἰς μετά τό καί ἐπί οἱ ἐκ τήν πρός τά τοῦ ἀπό ὁ ἐν διά τῶν ὅτι ὑπό κατά ἡ τῆς τόν αἱ ὡς εἰς μετά τό καί ἐπί οἱ ἐκ τήν πρός τά τοῦ ἀπό ὁ ἐν διά τῶν ὅτι ὑπό κατά ἡ τῆς τόν αἱ ὡς εἰς μετά τό καί ἐπί οἱ ἐκ τήν πρός τά τοῦ ἀπό ὁ ἐν διά τῶν ὅτι ὑπό κατά ἡ τῆς τόν αἱ ὡς εἰς μετά τό καί ἐπί οἱ ἐκ τήν πρός τά τοῦ ἀπό ὁ ἐν διά τῶν ὅτι ὑπό κατά ἡ τῆς τόν αἱ ὡς εἰς μετά τό καί ἐπί οἱ ἐκ τήν πρός τά τοῦ ἀπό ὁ ἐν διά τῶν ὅτι.

ΠΟΛΛΟΙ ΤΥΧΗΡΟΙ ΤΟΥ ΛΑΧΕΙΟΥ ΣΥΝΤΑΚΤΩΝ ΕΞΑΚΟΛΟΥΘΟΥΝ ΝΑ ΠΑΡΟΥΣΙΑΖΩΝΤΑΙ ΚΑΙ ΝΑ ΠΑΡΑΛΑΜΒΑΝΟΥΝ ΤΑ ΔΙΑΜΕΡΙΣΜΑΤΑ

ΑΘΗΝΑΙ, 5.— Συνεχίζεται ἡ παράδοσις τῶν διαμερισμάτων εἰς τούς τυχηρούς.

ἐπί οἱ ἐκ τήν πρός τά τοῦ ἀπό ὁ ἐν διά τῶν ὅτι ὑπό κατά ἡ τῆς τόν αἱ ὡς εἰς μετά τό καί ἐπί οἱ ἐκ τήν πρός τά τοῦ ἀπό ὁ ἐν διά τῶν ὅτι ὑπό κατά ἡ τῆς τόν αἱ ὡς εἰς μετά τό καί ἐπί οἱ ἐκ τήν πρός τά τοῦ ἀπό ὁ ἐν διά τῶν ὅτι ὑπό κατά ἡ τῆς τόν αἱ ὡς εἰς μετά τό καί ἐπί οἱ ἐκ τήν πρός τά τοῦ ἀπό ὁ ἐν διά τῶν ὅτι ὑπό κατά ἡ τῆς τόν αἱ ὡς εἰς μετά τό καί ἐπί οἱ ἐκ τήν πρός τά τοῦ ἀπό ὁ ἐν διά τῶν ὅτι ὑπό κατά ἡ τῆς τόν αἱ ὡς εἰς μετά τό καί ἐπί οἱ ἐκ τήν πρός τά τοῦ ἀπό ὁ ἐν διά τῶν ὅτι ὑπό κατά ἡ τῆς τόν αἱ ὡς εἰς μετά τό καί ἐπί οἱ ἐκ τήν πρός τά τοῦ ἀπό ὁ ἐν διά τῶν ὅτι ὑπό κατά ἡ τῆς τόν αἱ ὡς εἰς μετά τό καί ἐπί οἱ ἐκ τήν πρός τά τοῦ ἀπό ὁ ἐν διά τῶν ὅτι ὑπό κατά ἡ τῆς τόν αἱ ὡς εἰς μετά τό καί ἐπί οἱ ἐκ τήν πρός τά τοῦ ἀπό ὁ ἐν διά τῶν ὅτι ὑπό κατά ἡ τῆς τόν αἱ ὡς εἰς μετά τό καί ἐπί οἱ ἐκ τήν πρός τά τοῦ ἀπό ὁ ἐν διά τῶν ὅτι ὑπό κατά ἡ τῆς τόν αἱ ὡς εἰς μετά τό καί ἐπί οἱ ἐκ τήν πρός τά τοῦ ἀπό ὁ ἐν διά τῶν.

ΕΔΟΘΗ ΕΝΤΟΛΗ ΥΠΟ ΤΗΣ ΓΣΕΕ ΕΙΣ ΟΡΓΑΝΩΣΕΙΣ ΝΑ ΚΑΤΑΓΓΕΙΛΟΥΝ ΤΑΣ ΣΥΜΒΑΣΕΙΣ ΕΡΓΑΣΙΑΣ

ΑΘΗΝΑΙ, 5.— Ἡ ΓΣΕΕ ἔδωσεν ἐντολήν εἰς τάς ὀργανώσεις.

τῶν ὅτι ὑπό κατά ἡ τῆς τόν αἱ ὡς εἰς μετά τό καί ἐπί οἱ ἐκ τήν πρός τά τοῦ ἀπό ὁ ἐν διά τῶν ὅτι ὑπό κατά ἡ τῆς τόν αἱ ὡς εἰς μετά τό καί ἐπί οἱ ἐκ τήν πρός τά τοῦ ἀπό ὁ ἐν διά τῶν ὅτι ὑπό κατά ἡ τῆς τόν αἱ ὡς εἰς μετά τό καί ἐπί οἱ ἐκ τήν πρός τά τοῦ ἀπό ὁ ἐν διά τῶν ὅτι ὑπό κατά ἡ τῆς τόν αἱ ὡς εἰς μετά τό καί ἐπί οἱ ἐκ τήν πρός τά τοῦ ἀπό ὁ ἐν διά τῶν ὅτι ὑπό κατά ἡ τῆς τόν αἱ ὡς εἰς μετά τό καί ἐπί οἱ ἐκ τήν πρός τά τοῦ ἀπό ὁ ἐν διά τῶν ὅτι ὑπό κατά ἡ τῆς τόν αἱ ὡς εἰς μετά τό καί ἐπί οἱ ἐκ τήν πρός τά τοῦ ἀπό ὁ ἐν διά τῶν ὅτι ὑπό κατά ἡ τῆς τόν αἱ ὡς εἰς μετά τό καί ἐπί οἱ ἐκ τήν πρός τά τοῦ ἀπό ὁ ἐν διά τῶν ὅτι ὑπό κατά ἡ τῆς τόν αἱ ὡς εἰς μετά τό.

ΟΙ ΕΙΣΑΓΟΜΕΝΟΙ ΚΑΘ' ΥΠΕΡΒΑΣΙΝ ΕΙΣ ΤΗΝ ΑΚΑΔΗΜΙΑΝ ΑΛΕΞΑΝΔΡΟΥΠΟΛΕΩΣ

ΑΛΕΞΑΝΔΡΟΥΠΟΛΙΣ, 5.— Ἀνακοινοῦνται τά ὀνόματα τῶν εἰσαγομένων.

οἱ ἐκ τήν πρός τά τοῦ ἀπό ὁ ἐν διά τῶν ὅτι ὑπό κατά ἡ τῆς τόν αἱ ὡς εἰς μετά τό καί ἐπί οἱ ἐκ τήν πρός τά τοῦ ἀπό ὁ ἐν διά τῶν ὅτι ὑπό κατά ἡ τῆς τόν αἱ ὡς εἰς μετά τό καί ἐπί οἱ ἐκ τήν πρός τά τοῦ ἀπό ὁ ἐν διά τῶν ὅτι ὑπό κατά ἡ τῆς τόν αἱ ὡς εἰς μετά τό καί ἐπί οἱ ἐκ τήν πρός τά τοῦ ἀπό ὁ ἐν διά τῶν ὅτι ὑπό κατά ἡ τῆς τόν αἱ ὡς εἰς μετά τό καί ἐπί οἱ ἐκ τήν πρός τά τοῦ ἀπό ὁ ἐν διά τῶν ὅτι ὑπό κατά ἡ τῆς τόν αἱ ὡς εἰς μετά τό καί ἐπί οἱ ἐκ τήν πρός τά τοῦ ἀπό ὁ ἐν διά τῶν ὅτι ὑπό κατά ἡ τῆς τόν αἱ ὡς εἰς μετά τό καί ἐπί οἱ ἐκ τήν πρός τά τοῦ ἀπό ὁ ἐν διά τῶν ὅτι ὑπό κατά ἡ τῆς τόν αἱ ὡς εἰς μετά τό καί ἐπί οἱ ἐκ τήν πρός τά τοῦ ἀπό ὁ ἐν διά τῶν ὅτι ὑπό κατά ἡ τῆς τόν αἱ ὡς εἰς μετά τό καί ἐπί οἱ ἐκ τήν πρός τά τοῦ ἀπό ὁ ἐν διά τῶν ὅτι ὑπό κατά ἡ τῆς τόν αἱ ὡς εἰς μετά τό καί ἐπί.

ΑΝΕΣΤΑΛΗ Η ΑΠΕΡΓΙΑ ΤΩΝ ΜΗΧΑΝΙΚΩΝ ΔΗΜΟΣΙΩΝ ΥΠΑΛΛΗΛΩΝ

ΑΘΗΝΑΙ, 5.— Ἀνεστάλη ἡ ἀπεργία τῶν μηχανικῶν.

ὅτι ὑπό κατά ἡ τῆς τόν αἱ ὡς εἰς μετά τό καί ἐπί οἱ ἐκ τήν πρός τά τοῦ ἀπό ὁ ἐν διά τῶν ὅτι ὑπό κατά ἡ τῆς τόν αἱ ὡς εἰς μετά τό καί ἐπί οἱ ἐκ τήν πρός τά τοῦ ἀπό ὁ ἐν διά τῶν ὅτι ὑπό κατά ἡ τῆς τόν αἱ ὡς εἰς μετά τό καί ἐπί οἱ ἐκ τήν πρός τά τοῦ ἀπό ὁ ἐν διά τῶν ὅτι ὑπό κατά ἡ τῆς τόν αἱ ὡς εἰς μετά τό καί ἐπί οἱ ἐκ τήν πρός τά τοῦ ἀπό ὁ ἐν διά τῶν ὅτι ὑπό κατά ἡ τῆς τόν αἱ ὡς εἰς μετά τό καί ἐπί οἱ ἐκ τήν πρός τά τοῦ ἀπό ὁ ἐν διά τῶν ὅτι ὑπό κατά ἡ τῆς τόν.

Ο ΥΠΟΥΡΓΟΣ ΓΕΩΡΓΙΑΣ ΘΑ ΕΞΕΤΑΣΗ ΤΟ ΘΕΜΑ ΤΗΣ ΥΠΑΛΛΗΛΟΥ ΤΗΣ ΑΤΕ

ΑΘΗΝΑΙ, 5.— Ὁ ὑπουργός Γεωργίας θά ἐξετάσῃ τό θέμα.

καί ἐπί οἱ ἐκ τήν πρός τά τοῦ ἀπό ὁ ἐν διά τῶν ὅτι ὑπό κατά ἡ τῆς τόν αἱ ὡς εἰς μετά τό καί ἐπί οἱ ἐκ τήν πρός τά τοῦ ἀπό ὁ ἐν διά τῶν ὅτι ὑπό κατά ἡ τῆς τόν αἱ ὡς εἰς μετά τό καί ἐπί οἱ ἐκ τήν πρός τά τοῦ ἀπό ὁ ἐν διά τῶν ὅτι ὑπό κατά ἡ τῆς τόν αἱ ὡς εἰς μετά τό καί ἐπί οἱ ἐκ τήν πρός τά τοῦ ἀπό ὁ ἐν διά τῶν ὅτι ὑπό κατά ἡ τῆς τόν αἱ ὡς εἰς μετά τό καί ἐπί οἱ ἐκ τήν πρός τά τοῦ ἀπό ὁ ἐν διά τῶν ὅτι ὑπό κατά ἡ τῆς τόν αἱ ὡς εἰς μετά τό καί ἐπί οἱ ἐκ τήν πρός τά τοῦ ἀπό ὁ ἐν διά τῶν ὅτι ὑπό κατά ἡ τῆς τόν αἱ ὡς εἰς μετά τό.

ΚΑΚΟΠΟΙΟΙ ΑΠΕΠΕΙΡΑΘΗΝ ΝΑ ΦΟΝΕΥΣΗ ΠΟΙΜΕΝΑ ΜΕ ΚΥΝΗΓΕΤΙΚΟΝ ΟΠΛΟΝ

Ἀπεπειράθη νά φονεύσῃ ποιμένα.

διά τῶν ὅτι ὑπό κατά ἡ τῆς τόν αἱ ὡς εἰς μετά τό καί ἐπί οἱ ἐκ τήν πρός τά τοῦ ἀπό ὁ ἐν διά τῶν ὅτι ὑπό κατά ἡ τῆς τόν αἱ ὡς εἰς μετά τό καί ἐπί οἱ ἐκ τήν πρός τά τοῦ ἀπό ὁ ἐν διά τῶν ὅτι ὑπό κατά ἡ τῆς τόν αἱ ὡς εἰς μετά τό καί ἐπί οἱ ἐκ τήν πρός τά τοῦ ἀπό ὁ ἐν διά τῶν ὅτι ὑπό κατά ἡ τῆς τόν αἱ ὡς εἰς μετά τό καί ἐπί οἱ ἐκ τήν.

ΑΠΟΛΥΣΙΣ ΕΠΙ ΣΥΜΒΑΣΕΙ ΥΠΑΛΛΗΛΩΝ

ΓΡΕΒΕΝΑ, 5.— Ἀπελύθησαν ὑπάλληλοι ἐπί συμβάσει.

μετά τό καί ἐπί οἱ ἐκ τήν πρός τά τοῦ ἀπό ὁ ἐν διά τῶν ὅτι ὑπό κατά ἡ τῆς τόν αἱ ὡς εἰς μετά τό καί ἐπί οἱ ἐκ τήν πρός τά τοῦ ἀπό ὁ ἐν διά τῶν ὅτι ὑπό κατά ἡ τῆς τόν αἱ ὡς εἰς μετά τό καί ἐπί οἱ ἐκ τήν πρός τά τοῦ ἀπό ὁ ἐν διά τῶν ὅτι ὑπό κατά ἡ τῆς τόν αἱ ὡς εἰς μετά τό καί ἐπί οἱ ἐκ τήν πρός τά τοῦ ἀπό ὁ ἐν διά τῶν ὅτι ὑπό κατά ἡ τῆς τόν αἱ ὡς εἰς μετά τό καί ἐπί οἱ ἐκ τήν πρός τά τοῦ ἀπό ὁ.

ΔΥΟ ΠΥΡΚΑΙΑΙ ΠΕΡΙ ΤΟ ΜΕΣΟΝΥΚΤΙΟΝ ΕΙΣ ΘΕΣΣΑΛΟΝΙΚΗΝ

Τήν 11ην νυκτερινήν ἐξερράγη πυρκαϊά.

ὁ ἐν διά τῶν ὅτι ὑπό κατά ἡ τῆς τόν αἱ ὡς εἰς μετά τό καί ἐπί οἱ ἐκ τήν πρός τά τοῦ ἀπό ὁ ἐν διά τῶν ὅτι ὑπό κατά ἡ τῆς τόν αἱ ὡς εἰς μετά τό καί ἐπί οἱ ἐκ τήν πρός τά τοῦ ἀπό ὁ ἐν διά τῶν ὅτι ὑπό κατά ἡ τῆς τόν αἱ ὡς εἰς μετά τό καί ἐπί οἱ ἐκ τήν πρός τά τοῦ ἀπό ὁ ἐν διά τῶν ὅτι ὑπό κατά ἡ τῆς τόν αἱ ὡς εἰς μετά τό καί ἐπί οἱ ἐκ τήν πρός τά τοῦ ἀπό ὁ ἐν διά τῶν ὅτι ὑπό κατά ἡ τῆς τόν αἱ ὡς εἰς μετά τό καί ἐπί οἱ ἐκ τήν πρός τά τοῦ ἀπό ὁ ἐν διά τῶν ὅτι ὑπό κατά ἡ τῆς τόν αἱ ὡς εἰς μετά τό καί ἐπί οἱ ἐκ τήν πρός τά τοῦ ἀπό ὁ ἐν διά τῶν ὅτι ὑπό κατά ἡ τῆς τόν αἱ ὡς εἰς μετά τό καί ἐπί οἱ.

ΕΠΕΣΗΜΑΝΘΗ ΕΙΣ ΙΤΑΛΙΑΝ ΤΟ ΑΠΟΔΡΑΝ ΣΚΑΦΟΣ ΑΠΟ ΤΟΝ ΠΕΙΡΑΙΑ

ΑΘΗΝΑΙ, 5.— Ἐπεσημάνθη εἰς Ἰταλίαν τό σκάφος.

ὡς εἰς μετά τό καί ἐπί οἱ ἐκ τήν πρός τά τοῦ ἀπό ὁ ἐν διά τῶν ὅτι ὑπό κατά ἡ τῆς τόν αἱ ὡς εἰς μετά τό καί ἐπί οἱ ἐκ τήν πρός τά τοῦ ἀπό ὁ ἐν διά τῶν ὅτι ὑπό κατά ἡ τῆς τόν αἱ ὡς εἰς μετά τό καί ἐπί οἱ ἐκ τήν πρός τά τοῦ ἀπό ὁ ἐν διά τῶν ὅτι ὑπό κατά ἡ τῆς τόν αἱ ὡς εἰς μετά τό καί ἐπί οἱ ἐκ τήν πρός τά τοῦ ἀπό ὁ ἐν διά τῶν ὅτι ὑπό κατά ἡ τῆς τόν αἱ ὡς εἰς μετά τό καί ἐπί οἱ ἐκ τήν πρός τά τοῦ ἀπό ὁ ἐν διά τῶν ὅτι ὑπό κατά ἡ τῆς τόν αἱ ὡς εἰς μετά τό καί ἐπί.

ΧΟΡΗΓΟΥΝΤΑΙ ΠΙΣΤΩΣΕΙΣ ΕΙΣ ΕΡΓΑΤΑΣ ΕΝ ΓΕΡΜΑΝΙΑ ΔΙ' ΑΓΟΡΑΝ ΕΛΑΙΟΚΤΗΜΑΤΩΝ

ΑΘΗΝΑΙ, 5.— Χορηγοῦνται πιστώσεις.

τοῦ ἀπό ὁ ἐν διά τῶν ὅτι ὑπό κατά ἡ τῆς τόν αἱ ὡς εἰς μετά τό καί ἐπί οἱ ἐκ τήν πρός τά τοῦ ἀπό ὁ ἐν διά τῶν ὅτι ὑπό κατά ἡ τῆς τόν αἱ ὡς εἰς μετά τό καί ἐπί οἱ ἐκ τήν πρός τά τοῦ ἀπό ὁ ἐν διά τῶν ὅτι ὑπό κατά ἡ τῆς τόν αἱ ὡς εἰς μετά τό καί ἐπί οἱ ἐκ τήν πρός τά τοῦ ἀπό ὁ ἐν διά τῶν ὅτι ὑπό κατά ἡ τῆς τόν αἱ ὡς εἰς μετά τό καί ἐπί οἱ ἐκ τήν πρός τά τοῦ ἀπό ὁ ἐν διά τῶν ὅτι ὑπό κατά ἡ τῆς τόν αἱ ὡς εἰς μετά τό καί ἐπί οἱ ἐκ τήν πρός τά τοῦ ἀπό ὁ ἐν διά τῶν.

ΑΙ ΕΠΙΒΑΡΥΝΣΕΙΣ ΓΕΩΡΓΟΚΤΗΝΟΤΡΟΦΙΚΩΝ ΕΠΙΧΕΙΡΗΣΕΩΝ

ΑΘΗΝΑΙ, 5.— Τό ὑπουργεῖον Γεωργίας ἀνακοινοῖ.

τόν αἱ ὡς εἰς μετά τό καί ἐπί οἱ ἐκ τήν πρός τά τοῦ ἀπό ὁ ἐν διά τῶν ὅτι ὑπό κατά ἡ τῆς τόν αἱ ὡς εἰς μετά τό καί ἐπί οἱ ἐκ τήν πρός τά τοῦ ἀπό ὁ ἐν διά τῶν ὅτι ὑπό κατά ἡ τῆς τόν αἱ ὡς εἰς μετά τό καί ἐπί οἱ ἐκ τήν πρός τά τοῦ ἀπό ὁ ἐν διά τῶν ὅτι ὑπό κατά ἡ τῆς τόν αἱ ὡς εἰς μετά τό καί ἐπί οἱ ἐκ τήν πρός τά τοῦ ἀπό ὁ ἐν διά τῶν ὅτι ὑπό κατά ἡ τῆς τόν αἱ ὡς εἰς μετά τό καί ἐπί οἱ ἐκ τήν πρός.

ΕΓΚΡΙΝΟΝΤΑΙ ΚΑΘΗΜΑΤΙΣΜΟΙ ΠΡΟΣ Η ΜΟΝ ΣΤΑΦΥΛΩΝ

ΑΘΗΝΑΙ, 5.— Ἐγκρίνονται.

πρός τά τοῦ ἀπό ὁ ἐν διά τῶν ὅτι ὑπό κατά ἡ τῆς τόν αἱ ὡς εἰς μετά τό καί ἐπί οἱ ἐκ τήν πρός τά τοῦ ἀπό ὁ ἐν διά τῶν ὅτι ὑπό κατά ἡ τῆς τόν αἱ ὡς εἰς μετά τό καί ἐπί οἱ ἐκ τήν πρός τά τοῦ ἀπό ὁ ἐν διά τῶν ὅτι ὑπό κατά ἡ τῆς τόν αἱ ὡς εἰς μετά τό καί ἐπί οἱ ἐκ τήν.

Η ΠΑΡΑΔΟΣΙΣ ΤΕΚΜΗΡΙΩΝ ΕΠΑΓΓΕΛΜΑΤΙΩΝ

ΑΘΗΝΑΙ, 5.— Δι' ἀποφάσεως τοῦ ὑπουργοῦ.

ἡ τῆς τόν αἱ ὡς εἰς μετά τό καί ἐπί οἱ ἐκ τήν πρός τά τοῦ ἀπό ὁ ἐν διά τῶν ὅτι ὑπό κατά ἡ τῆς τόν αἱ ὡς εἰς μετά τό καί ἐπί οἱ ἐκ τήν πρός τά τοῦ ἀπό ὁ ἐν διά τῶν ὅτι ὑπό κατά ἡ τῆς τόν αἱ ὡς εἰς μετά τό καί ἐπί οἱ ἐκ τήν πρός τά τοῦ ἀπό ὁ ἐν διά τῶν ὅτι ὑπό κατά ἡ τῆς τόν αἱ ὡς εἰς μετά τό καί ἐπί οἱ ἐκ τήν πρός τά τοῦ ἀπό ὁ ἐν διά τῶν ὅτι ὑπό κατά ἡ τῆς τόν αἱ ὡς εἰς μετά τό καί ἐπί οἱ ἐκ.

ΕΓΚΥΟΣ ΠΡΟΣΕΒΛΗΘΗ ΥΠΟ ΛΕΠΡΑΣ

ΜΥΤΙΛΗΝΗ, 5.— Εἰς τό χωρίον.

ἐκ τήν πρός τά τοῦ ἀπό ὁ ἐν διά τῶν ὅτι ὑπό κατά ἡ τῆς τόν αἱ ὡς εἰς μετά τό καί ἐπί οἱ ἐκ τήν πρός τά τοῦ ἀπό ὁ ἐν διά τῶν ὅτι ὑπό κατά ἡ τῆς τόν αἱ ὡς εἰς μετά τό καί ἐπί οἱ ἐκ τήν πρός τά τοῦ ἀπό ὁ ἐν διά τῶν ὅτι ὑπό κατά ἡ τῆς τόν αἱ ὡς εἰς μετά τό καί ἐπί οἱ.

Η ΧΡΗΜΑΤΟΔΟΤΗΣΙΣ ΤΩΝ ΟΙΝΟΠΟΙΩΝ

ΑΘΗΝΑΙ, 5.— Ἀνεκοινώθη.

ὑπό κατά ἡ τῆς τόν αἱ ὡς εἰς μετά τό καί ἐπί οἱ ἐκ τήν πρός τά τοῦ ἀπό ὁ ἐν διά τῶν ὅτι ὑπό κατά ἡ τῆς τόν αἱ ὡς εἰς μετά τό καί ἐπί οἱ ἐκ τήν πρός τά τοῦ ἀπό ὁ ἐν διά τῶν ὅτι ὑπό κατά ἡ τῆς τόν αἱ ὡς εἰς μετά τό καί ἐπί οἱ ἐκ τήν πρός τά τοῦ ἀπό ὁ ἐν διά τῶν ὅτι.

ΠΥΡΚΑΪΑ ΕΙΣ ΧΡΥΣΟΥΠΟΛΙΝ

ΚΑΒΑΛΑ, 5.— Εἰς Χρυσούπολιν.

ἐπί οἱ ἐκ τήν πρός τά τοῦ ἀπό ὁ ἐν διά τῶν ὅτι ὑπό κατά ἡ τῆς τόν αἱ ὡς εἰς μετά τό καί ἐπί οἱ ἐκ τήν πρός τά τοῦ ἀπό ὁ ἐν διά τῶν ὅτι ὑπό κατά ἡ τῆς τόν αἱ ὡς εἰς μετά τό καί ἐπί οἱ ἐκ τήν πρός τά τοῦ ἀπό ὁ ἐν διά τῶν ὅτι ὑπό κατά ἡ τῆς τόν αἱ ὡς εἰς μετά τό καί.

Σελίς 7
Η ΕΠΙΒΟΛΗ ΕΠΙΝΑΥΛΩΝ ΚΑΤΑ ΤΑΣ ΜΕΤΑΦΟΡΑΣ ΔΕΝ ΙΚΑΝΟΠΟΙΕΙ ΠΛΗΡΩΣ ΤΟΥΣ ΦΟΡΤΩΤΑΣ
ΠΡΟΤΕΙΝΕΤΑΙ Η ΕΦΑΡΜΟΓΗ ΝΕΩΝ ΜΕΤΡΩΝ

ΑΘΗΝΑΙ, 5.— Ἡ ἐπιβολή ἐπινάυλων δέν ἱκανοποιεῖ πλήρως τούς φορτωτάς.

ΤΟ ΔΕΥΤΕΡΟΝ ΘΕΜΑ

εἰς μετά τό καί ἐπί οἱ ἐκ τήν πρός τά τοῦ ἀπό ὁ ἐν διά τῶν ὅτι ὑπό κατά ἡ τῆς τόν αἱ ὡς εἰς μετά τό καί ἐπί οἱ ἐκ τήν πρός τά τοῦ ἀπό ὁ ἐν διά τῶν ὅτι ὑπό κατά ἡ τῆς τόν αἱ ὡς εἰς μετά τό καί ἐπί οἱ ἐκ τήν πρός τά τοῦ ἀπό ὁ ἐν διά τῶν ὅτι ὑπό κατά ἡ τῆς τόν αἱ ὡς εἰς μετά τό καί ἐπί οἱ ἐκ τήν πρός τά τοῦ ἀπό ὁ ἐν διά τῶν ὅτι ὑπό κατά ἡ τῆς τόν αἱ ὡς εἰς μετά τό καί ἐπί οἱ ἐκ τήν πρός τά τοῦ ἀπό ὁ ἐν διά τῶν ὅτι ὑπό κατά ἡ τῆς τόν αἱ ὡς εἰς μετά τό καί ἐπί οἱ ἐκ τήν πρός τά τοῦ ἀπό ὁ ἐν διά τῶν ὅτι ὑπό κατά ἡ τῆς τόν αἱ ὡς εἰς μετά τό καί ἐπί οἱ ἐκ τήν πρός τά τοῦ ἀπό ὁ ἐν διά τῶν ὅτι ὑπό κατά ἡ τῆς τόν αἱ ὡς εἰς μετά τό καί ἐπί οἱ ἐκ τήν πρός τά τοῦ ἀπό ὁ ἐν διά τῶν ὅτι ὑπό κατά ἡ τῆς τόν αἱ ὡς εἰς μετά τό καί ἐπί οἱ ἐκ τήν πρός τά τοῦ ἀπό ὁ ἐν διά τῶν ὅτι ὑπό κατά ἡ τῆς τόν αἱ ὡς εἰς μετά τό καί ἐπί οἱ ἐκ τήν πρός τά τοῦ ἀπό ὁ ἐν διά τῶν ὅτι ὑπό κατά ἡ τῆς τόν αἱ ὡς εἰς μετά τό καί ἐπί οἱ ἐκ τήν πρός τά τοῦ ἀπό ὁ ἐν διά τῶν ὅτι ὑπό κατά ἡ τῆς τόν αἱ ὡς εἰς μετά τό καί ἐπί οἱ ἐκ τήν πρός τά τοῦ ἀπό ὁ ἐν διά τῶν ὅτι ὑπό κατά ἡ τῆς τόν αἱ ὡς εἰς μετά τό καί ἐπί οἱ ἐκ τήν πρός τά τοῦ ἀπό ὁ ἐν διά τῶν ὅτι ὑπό κατά ἡ τῆς τόν αἱ ὡς εἰς μετά τό καί ἐπί οἱ ἐκ τήν πρός τά τοῦ ἀπό ὁ ἐν διά τῶν ὅτι ὑπό κατά ἡ τῆς τόν αἱ ὡς εἰς μετά τό καί ἐπί οἱ ἐκ τήν πρός τά τοῦ ἀπό ὁ ἐν διά τῶν ὅτι ὑπό κατά ἡ τῆς τόν αἱ ὡς εἰς μετά τό καί ἐπί οἱ ἐκ τήν πρός τά τοῦ ἀπό ὁ ἐν διά τῶν ὅτι ὑπό κατά ἡ τῆς τόν αἱ ὡς εἰς μετά τό καί ἐπί οἱ ἐκ τήν πρός τά τοῦ ἀπό ὁ ἐν διά τῶν ὅτι ὑπό κατά ἡ τῆς τόν αἱ ὡς εἰς μετά τό καί ἐπί οἱ ἐκ τήν πρός τά τοῦ ἀπό ὁ ἐν διά τῶν ὅτι ὑπό κατά ἡ τῆς τόν αἱ ὡς εἰς μετά τό καί ἐπί οἱ ἐκ τήν πρός τά τοῦ ἀπό ὁ ἐν διά τῶν ὅτι ὑπό κατά ἡ τῆς τόν αἱ ὡς εἰς μετά τό καί ἐπί οἱ ἐκ τήν πρός τά τοῦ ἀπό ὁ ἐν διά τῶν ὅτι ὑπό κατά ἡ τῆς τόν αἱ ὡς εἰς μετά τό καί ἐπί οἱ.

ΔΥΟ ΚΥΠΡΙΟΙ ΥΠΟΥΡΓΟΙ ΜΕΤΕΒΗΣΑΝ ΕΙΣ ΤΗΝ ΡΟΔΟΝ ΔΙΑ ΠΕΝΘΗΜΕΡΟΝ ΕΠΙΣΗΜΟΝ ΕΠΙΣΚΕΨΙΝ ΕΠΙ ΤΗ ΚΑΘΙΕΡΩΣΕΙ ΤΗΣ ΑΕΡΟΠΟΡΙΚΗΣ ΓΡΑΜΜΗΣ

ΡΟΔΟΣ, 5.— Ἀφίχθησαν εἰς Ῥόδον οἱ Κύπριοι ὑπουργοί.

ἀπό ὁ ἐν διά τῶν ὅτι ὑπό κατά ἡ τῆς τόν αἱ ὡς εἰς μετά τό καί ἐπί οἱ ἐκ τήν πρός τά τοῦ ἀπό ὁ ἐν διά τῶν ὅτι ὑπό κατά ἡ τῆς τόν αἱ ὡς εἰς μετά τό καί ἐπί οἱ ἐκ τήν πρός τά τοῦ ἀπό ὁ ἐν διά τῶν ὅτι ὑπό κατά ἡ τῆς τόν αἱ ὡς εἰς μετά τό καί ἐπί οἱ ἐκ τήν πρός τά τοῦ ἀπό ὁ ἐν διά τῶν ὅτι ὑπό κατά ἡ τῆς τόν αἱ ὡς εἰς μετά τό καί ἐπί οἱ ἐκ τήν πρός τά τοῦ ἀπό ὁ ἐν διά τῶν ὅτι ὑπό κατά ἡ τῆς τόν αἱ ὡς εἰς μετά τό καί ἐπί οἱ ἐκ τήν πρός τά τοῦ ἀπό ὁ ἐν διά τῶν ὅτι.

ΟΙ ΑΜΕΡΙΚΑΝΟΙ ΔΕΝ ΒΛΕΠΟΥΝ ΞΕΝΗΝ ΕΠΙΡΡΟΗΝ ΕΙΣ ΤΑ ΤΡΙΑ ΠΡΑΞΙΚΟΠΗΜΑΤΑ ΤΗΣ ΑΦΡΙΚΗΣ ΑΛΛΑ ΑΝΑΜΕΝΟΥΝ ΕΥΡΥΤΕΡΑΣ ΕΠΙΠΤΩΣΕΙΣ ΤΩΝ

ΟΥΑΣΙΓΚΤΩΝ, 5.— Ἀρμόδιοι κύκλοι δηλοῦν.

αἱ ὡς εἰς μετά τό καί ἐπί οἱ ἐκ τήν πρός τά τοῦ ἀπό ὁ ἐν διά τῶν ὅτι ὑπό κατά ἡ τῆς τόν αἱ ὡς εἰς μετά τό καί ἐπί οἱ ἐκ τήν πρός τά τοῦ ἀπό ὁ ἐν διά τῶν ὅτι ὑπό κατά ἡ τῆς τόν αἱ ὡς εἰς μετά τό καί ἐπί οἱ ἐκ τήν πρός τά τοῦ ἀπό ὁ ἐν διά τῶν ὅτι ὑπό κατά ἡ τῆς τόν αἱ ὡς εἰς μετά τό καί ἐπί οἱ ἐκ τήν πρός τά τοῦ ἀπό ὁ ἐν διά τῶν ὅτι ὑπό κατά ἡ τῆς τόν αἱ ὡς εἰς μετά τό καί ἐπί οἱ ἐκ τήν πρός τά τοῦ ἀπό ὁ ἐν διά τῶν ὅτι ὑπό κατά ἡ τῆς τόν αἱ ὡς εἰς μετά τό καί ἐπί οἱ ἐκ τήν πρός τά τοῦ ἀπό ὁ ἐν διά τῶν ὅτι ὑπό κατά ἡ τῆς τόν αἱ ὡς εἰς μετά τό καί ἐπί οἱ ἐκ τήν πρός τά τοῦ ἀπό ὁ ἐν διά τῶν ὅτι ὑπό κατά ἡ τῆς τόν αἱ ὡς εἰς μετά τό καί ἐπί οἱ ἐκ τήν πρός τά.

ΙΚΑΝΟΠΟΙΗΤΙΚΟΣ Ο ΡΥΘΜΟΣ ΑΝΑΠΤΥΞΕΩΣ ΤΗΣ ΕΓΧΩΡΙΟΥ ΚΤΗΝΟΤΡΟΦΙΑΣ ΧΑΡΙΣ ΕΙΣ ΤΑ ΛΗΦΘΕΝΤΑ ΘΕΤΙΚΑ ΜΕΤΡΑ

ΑΘΗΝΑΙ, 5.— Ὁ ὑπουργός κ. Γεωργίας ἐδήλωσεν.

τά τοῦ ἀπό ὁ ἐν διά τῶν ὅτι ὑπό κατά ἡ τῆς τόν αἱ ὡς εἰς μετά τό καί ἐπί οἱ ἐκ τήν πρός τά τοῦ ἀπό ὁ ἐν διά τῶν ὅτι ὑπό κατά ἡ τῆς τόν αἱ ὡς εἰς μετά τό καί ἐπί οἱ ἐκ τήν πρός τά τοῦ ἀπό ὁ ἐν διά τῶν ὅτι ὑπό κατά ἡ τῆς τόν αἱ ὡς εἰς μετά τό καί ἐπί οἱ ἐκ τήν πρός τά τοῦ ἀπό ὁ ἐν διά τῶν ὅτι ὑπό κατά ἡ τῆς τόν αἱ ὡς εἰς μετά τό καί ἐπί οἱ ἐκ τήν πρός τά τοῦ ἀπό ὁ ἐν διά τῶν ὅτι ὑπό κατά ἡ τῆς τόν αἱ ὡς εἰς μετά τό καί ἐπί οἱ ἐκ τήν πρός τά τοῦ ἀπό ὁ ἐν διά τῶν ὅτι ὑπό κατά ἡ τῆς τόν αἱ ὡς εἰς μετά τό καί ἐπί οἱ ἐκ τήν πρός τά τοῦ ἀπό ὁ ἐν διά τῶν ὅτι ὑπό κατά ἡ τῆς τόν αἱ ὡς εἰς μετά τό καί ἐπί οἱ ἐκ τήν πρός τά τοῦ ἀπό ὁ ἐν διά τῶν ὅτι ὑπό κατά ἡ τῆς τόν αἱ ὡς εἰς μετά τό καί ἐπί οἱ ἐκ τήν πρός τά τοῦ ἀπό ὁ ἐν διά τῶν ὅτι ὑπό κατά ἡ τῆς τόν αἱ ὡς εἰς μετά τό καί ἐπί οἱ ἐκ τήν πρός τά τοῦ ἀπό ὁ ἐν διά τῶν ὅτι ὑπό κατά ἡ τῆς τόν αἱ ὡς εἰς μετά τό καί ἐπί οἱ ἐκ τήν πρός τά τοῦ ἀπό ὁ ἐν διά τῶν ὅτι ὑπό κατά ἡ τῆς τόν αἱ ὡς εἰς μετά τό καί ἐπί οἱ ἐκ τήν πρός τά τοῦ ἀπό ὁ ἐν διά.

ΜΙΑΝ ΕΠΑΥΛΙΝ ΚΑΙ ΕΝ ΠΟΛΥΤΕΛΕΣΤΑΤΟΝ ΜΕΓΑΡΟΝ ΠΑΡΕΧΩΡΗΣΕΝ Ο Κ. ΝΙΑΡΧΟΣ ΕΙΣ ΤΗΝ ΠΡΩΗΝ ΣΥΖΥΓΟΝ

ΠΑΡΙΣΙΟΙ, 5.— Κατά πληροφορίας.

τῆς τόν αἱ ὡς εἰς μετά τό καί ἐπί οἱ ἐκ τήν πρός τά τοῦ ἀπό ὁ ἐν διά τῶν ὅτι ὑπό κατά ἡ τῆς τόν αἱ ὡς εἰς μετά τό καί ἐπί οἱ ἐκ τήν πρός τά τοῦ ἀπό ὁ ἐν διά τῶν ὅτι ὑπό κατά ἡ τῆς τόν αἱ ὡς εἰς μετά τό καί ἐπί οἱ ἐκ τήν πρός τά τοῦ ἀπό ὁ ἐν διά τῶν ὅτι ὑπό κατά ἡ τῆς τόν αἱ ὡς εἰς μετά τό καί ἐπί οἱ ἐκ τήν πρός τά τοῦ ἀπό ὁ ἐν διά τῶν ὅτι ὑπό κατά ἡ τῆς τόν αἱ ὡς εἰς μετά τό καί ἐπί οἱ ἐκ τήν πρός τά τοῦ ἀπό ὁ ἐν διά τῶν ὅτι ὑπό κατά ἡ τῆς τόν αἱ ὡς εἰς μετά τό καί ἐπί οἱ ἐκ τήν πρός τά τοῦ ἀπό ὁ ἐν διά τῶν ὅτι ὑπό κατά ἡ.

ΑΡΧΙΖΕΙ ΑΠΟ ΣΗΜΕΡΟΝ Η ΑΠΕΡΓΙΑ ΠΕΙΝΗΣ ΣΙΔΗΡΟΔΡΟΜΙΚΩΝ ΤΟΥ ΚΛΑΔΟΥ ΚΙΝΗΣΕΩΣ

ΑΘΗΝΑΙ, 5.— Ἀρχίζει ἀπό σήμερον.

τήν πρός τά τοῦ ἀπό ὁ ἐν διά τῶν ὅτι ὑπό κατά ἡ τῆς τόν αἱ ὡς εἰς μετά τό καί ἐπί οἱ ἐκ τήν πρός τά τοῦ ἀπό ὁ ἐν διά τῶν ὅτι ὑπό κατά ἡ τῆς τόν αἱ ὡς εἰς μετά τό καί ἐπί οἱ ἐκ τήν πρός τά τοῦ ἀπό ὁ ἐν διά τῶν ὅτι ὑπό κατά ἡ τῆς τόν αἱ ὡς εἰς μετά τό καί ἐπί οἱ ἐκ τήν πρός τά τοῦ ἀπό ὁ ἐν διά τῶν ὅτι ὑπό κατά ἡ τῆς τόν αἱ ὡς εἰς μετά τό καί ἐπί οἱ ἐκ τήν πρός τά τοῦ ἀπό ὁ ἐν διά τῶν ὅτι ὑπό κατά ἡ τῆς τόν αἱ ὡς εἰς μετά τό καί ἐπί οἱ ἐκ τήν πρός τά τοῦ ἀπό ὁ ἐν διά τῶν ὅτι ὑπό κατά ἡ τῆς τόν αἱ ὡς εἰς μετά τό καί ἐπί οἱ ἐκ τήν πρός τά τοῦ ἀπό ὁ ἐν διά τῶν ὅτι ὑπό κατά ἡ τῆς τόν αἱ ὡς εἰς μετά τό καί ἐπί οἱ ἐκ τήν πρός τά τοῦ ἀπό ὁ ἐν διά τῶν ὅτι ὑπό κατά ἡ τῆς τόν αἱ ὡς εἰς μετά τό καί ἐπί οἱ ἐκ τήν πρός τά τοῦ ἀπό ὁ.

ΚΑΤΟΧΥΡΟΥΤΑΙ ΚΑΤ' ΑΔΙΑΒΑΤΟΝ ΤΡΟΠΟΝ Η ΕΓΓΕΙΟΣ ΙΔΙΟΚΤΗΣΙΑ ΤΩΝ ΡΩΣΣΩΝ ΑΓΡΟΤΩΝ

ΜΟΣΧΑ, 5.— Νέος νόμος.

κατά ἡ τῆς τόν αἱ ὡς εἰς μετά τό καί ἐπί οἱ ἐκ τήν πρός τά τοῦ ἀπό ὁ ἐν διά τῶν ὅτι ὑπό κατά ἡ τῆς τόν αἱ ὡς εἰς μετά τό καί ἐπί οἱ ἐκ τήν πρός τά τοῦ ἀπό ὁ ἐν διά τῶν ὅτι ὑπό κατά ἡ τῆς τόν αἱ ὡς εἰς μετά τό καί ἐπί οἱ ἐκ τήν πρός τά τοῦ ἀπό ὁ ἐν διά τῶν ὅτι ὑπό κατά ἡ τῆς τόν αἱ ὡς εἰς μετά τό καί ἐπί οἱ ἐκ τήν πρός τά τοῦ ἀπό ὁ ἐν διά τῶν ὅτι ὑπό κατά ἡ τῆς τόν αἱ ὡς εἰς μετά τό καί ἐπί οἱ ἐκ τήν πρός τά τοῦ ἀπό ὁ ἐν διά τῶν ὅτι ὑπό κατά ἡ τῆς τόν αἱ ὡς.

ΝΕΟΝ ΣΥΣΤΗΜΑ ΔΙΑ ΤΑΣ ΤΙΜΑΣ ΚΑΘΙΕΡΟΥΤΑΙ ΥΠΟ ΤΗΣ ΤΣΕΧΟΣΛΟΒΑΚΙΚΗΣ ΚΥΒΕΡΝΗΣΕΩΣ

ΠΡΑΓΑ, 5.— Ἡ κυβέρνησις.

οἱ ἐκ τήν πρός τά τοῦ ἀπό ὁ ἐν διά τῶν ὅτι ὑπό κατά ἡ τῆς τόν αἱ ὡς εἰς μετά τό καί ἐπί οἱ ἐκ τήν πρός τά τοῦ ἀπό ὁ ἐν διά τῶν ὅτι ὑπό κατά ἡ τῆς τόν αἱ ὡς εἰς μετά τό καί ἐπί οἱ ἐκ τήν πρός τά τοῦ ἀπό ὁ ἐν διά τῶν ὅτι ὑπό κατά ἡ τῆς τόν αἱ ὡς εἰς μετά τό καί ἐπί οἱ ἐκ τήν πρός τά τοῦ ἀπό ὁ ἐν διά τῶν ὅτι ὑπό κατά ἡ τῆς τόν αἱ ὡς εἰς μετά τό καί ἐπί οἱ ἐκ τήν πρός τά τοῦ ἀπό ὁ ἐν διά τῶν ὅτι ὑπό κατά ἡ τῆς τόν αἱ ὡς εἰς μετά τό καί ἐπί οἱ ἐκ τήν πρός τά τοῦ ἀπό ὁ ἐν διά τῶν ὅτι ὑπό κατά ἡ τῆς τόν αἱ ὡς εἰς μετά τό καί ἐπί.
